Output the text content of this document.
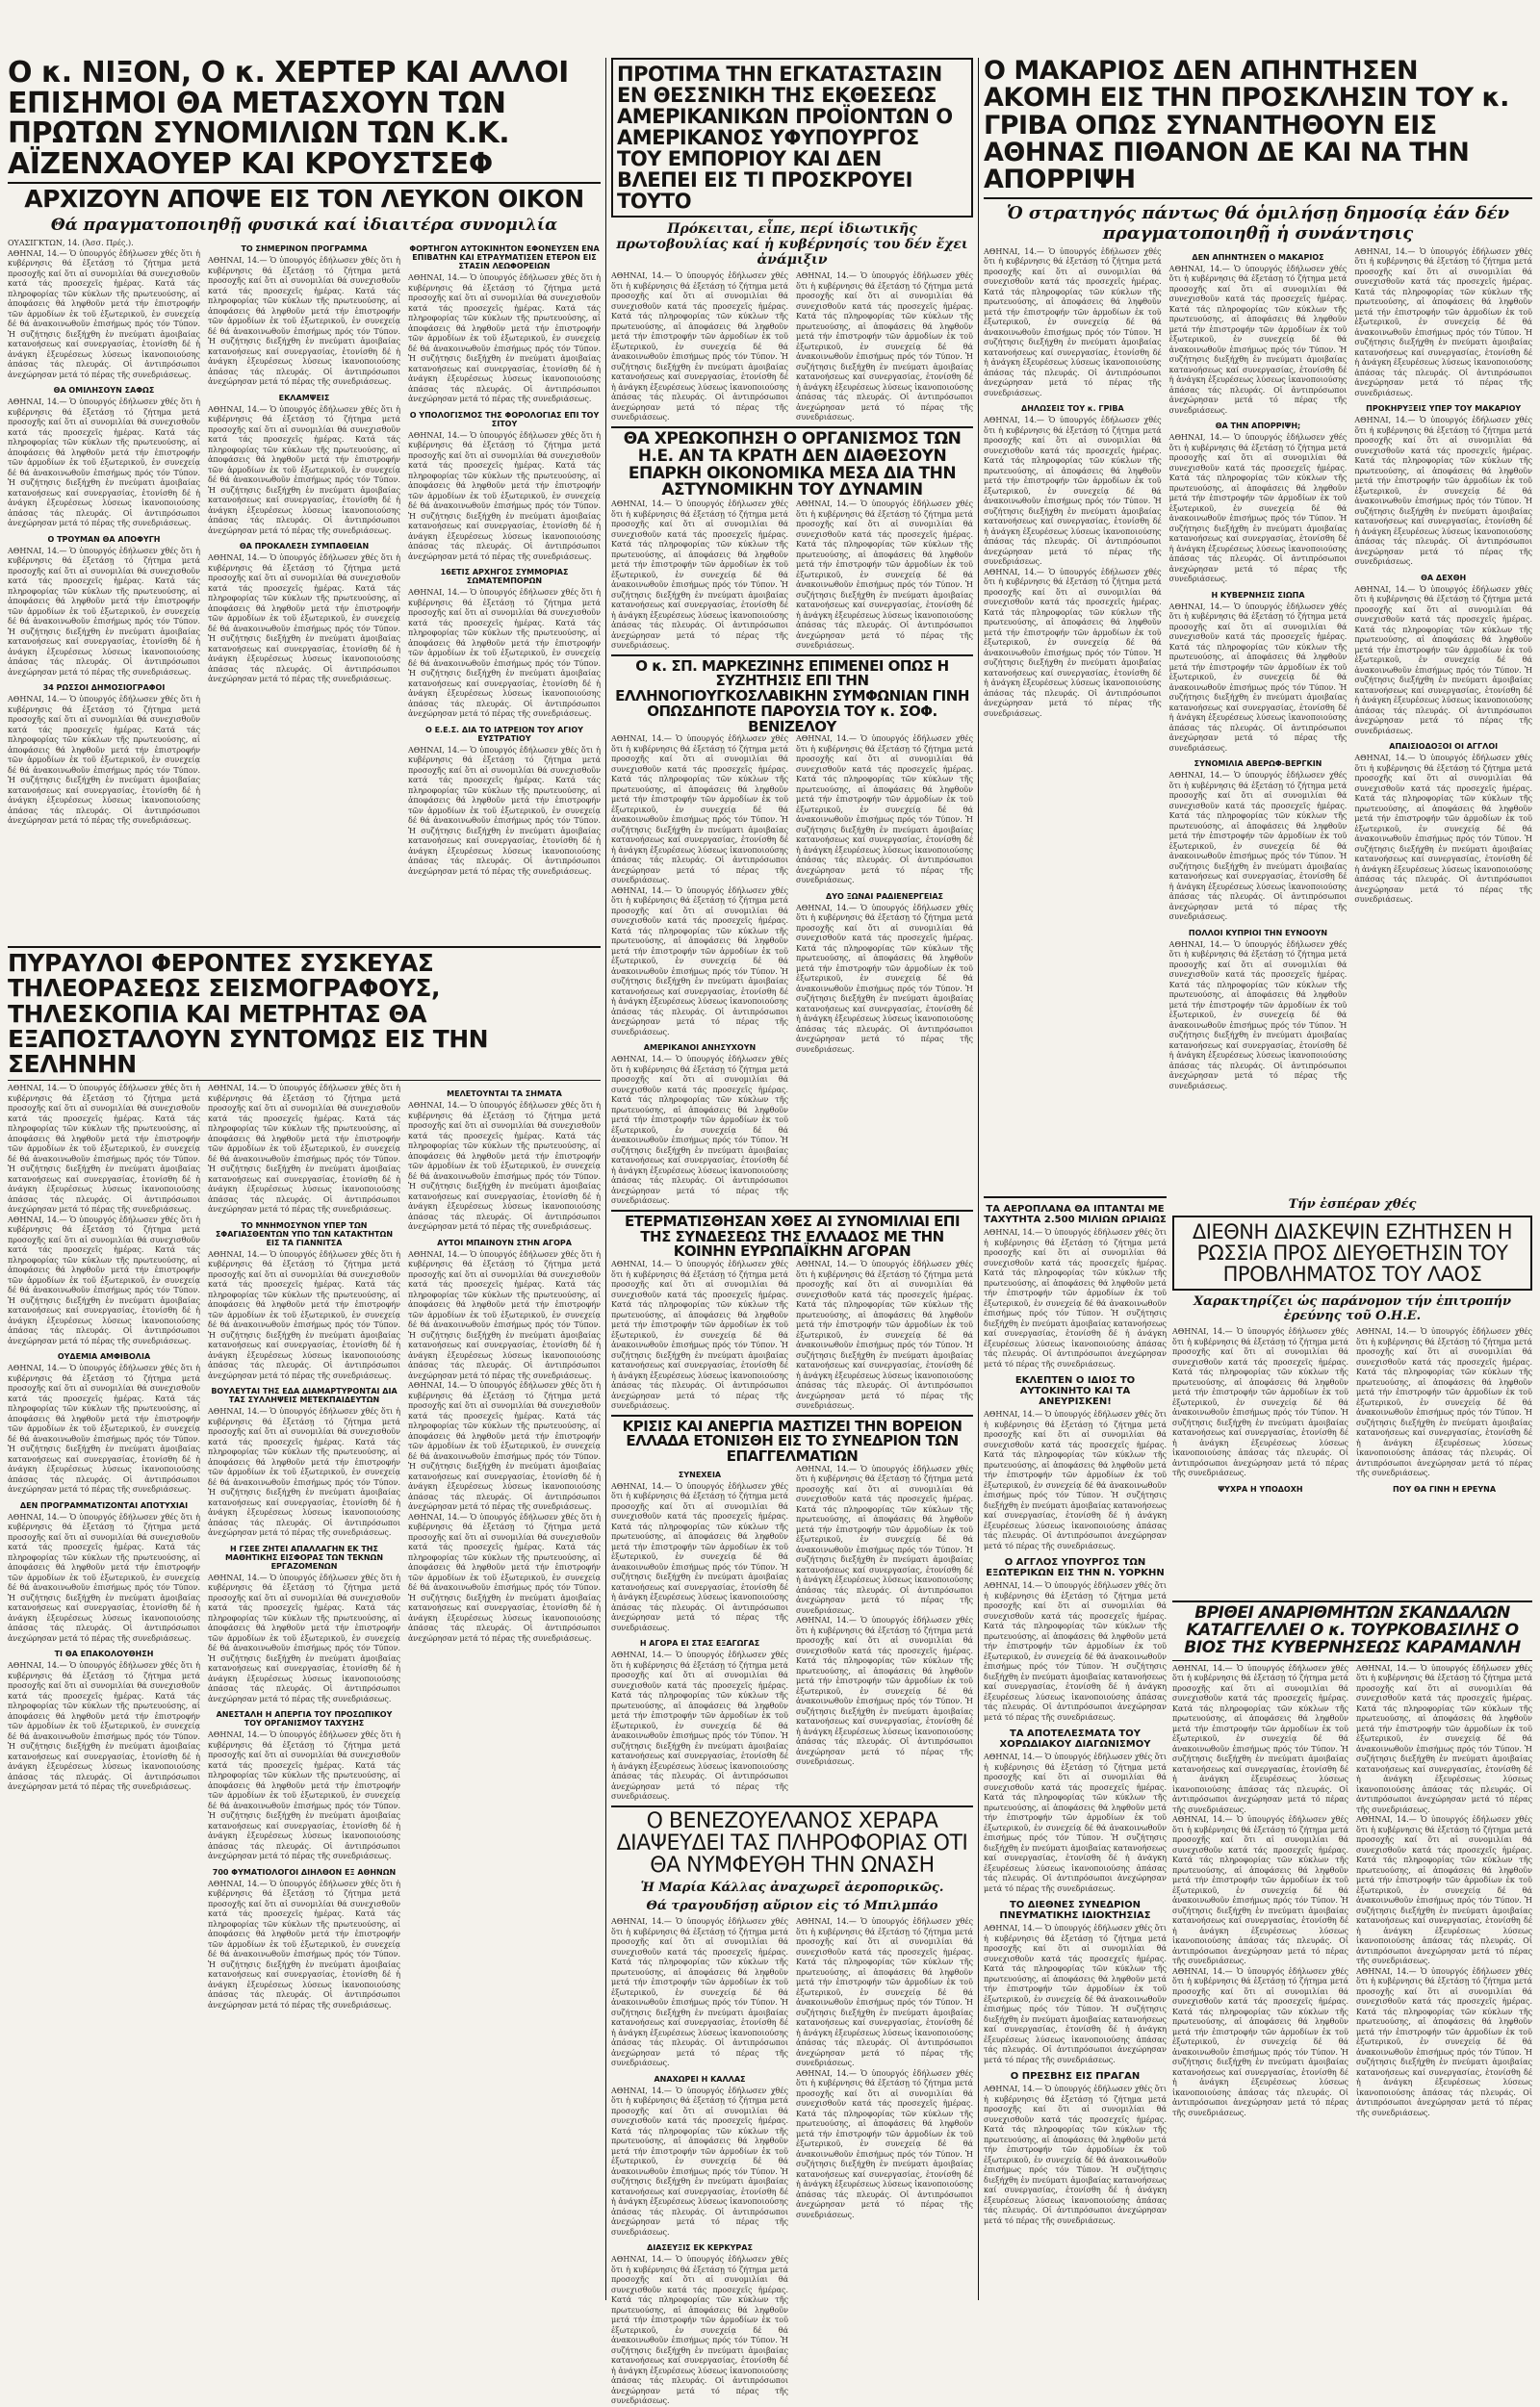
Ο κ. ΝΙΞΟΝ, Ο κ. ΧΕΡΤΕΡ ΚΑΙ ΑΛΛΟΙ ΕΠΙΣΗΜΟΙ ΘΑ ΜΕΤΑΣΧΟΥΝ ΤΩΝ ΠΡΩΤΩΝ ΣΥΝΟΜΙΛΙΩΝ ΤΩΝ Κ.Κ. ΑΪΖΕΝΧΑΟΥΕΡ ΚΑΙ ΚΡΟΥΣΤΣΕΦ
ΑΡΧΙΖΟΥΝ ΑΠΟΨΕ ΕΙΣ ΤΟΝ ΛΕΥΚΟΝ ΟΙΚΟΝ
Θά πραγματοποιηθῇ φυσικά καί ἰδιαιτέρα συνομιλία

ΟΥΑΣΙΓΚΤΩΝ, 14. (Ἀσσ. Πρές.).

ΑΘΗΝΑΙ, 14.— Ὁ ὑπουργός ἐδήλωσεν χθές ὅτι ἡ κυβέρνησις θά ἐξετάσῃ τό ζήτημα μετά προσοχῆς καί ὅτι αἱ συνομιλίαι θά συνεχισθοῦν κατά τάς προσεχεῖς ἡμέρας. Κατά τάς πληροφορίας τῶν κύκλων τῆς πρωτευούσης, αἱ ἀποφάσεις θά ληφθοῦν μετά τήν ἐπιστροφήν τῶν ἁρμοδίων ἐκ τοῦ ἐξωτερικοῦ, ἐν συνεχείᾳ δέ θά ἀνακοινωθοῦν ἐπισήμως πρός τόν Τύπον. Ἡ συζήτησις διεξήχθη ἐν πνεύματι ἀμοιβαίας κατανοήσεως καί συνεργασίας, ἐτονίσθη δέ ἡ ἀνάγκη ἐξευρέσεως λύσεως ἱκανοποιούσης ἁπάσας τάς πλευράς. Οἱ ἀντιπρόσωποι ἀνεχώρησαν μετά τό πέρας τῆς συνεδριάσεως.

ΘΑ ΟΜΙΛΗΣΟΥΝ ΣΑΦΩΣ

ΑΘΗΝΑΙ, 14.— Ὁ ὑπουργός ἐδήλωσεν χθές ὅτι ἡ κυβέρνησις θά ἐξετάσῃ τό ζήτημα μετά προσοχῆς καί ὅτι αἱ συνομιλίαι θά συνεχισθοῦν κατά τάς προσεχεῖς ἡμέρας. Κατά τάς πληροφορίας τῶν κύκλων τῆς πρωτευούσης, αἱ ἀποφάσεις θά ληφθοῦν μετά τήν ἐπιστροφήν τῶν ἁρμοδίων ἐκ τοῦ ἐξωτερικοῦ, ἐν συνεχείᾳ δέ θά ἀνακοινωθοῦν ἐπισήμως πρός τόν Τύπον. Ἡ συζήτησις διεξήχθη ἐν πνεύματι ἀμοιβαίας κατανοήσεως καί συνεργασίας, ἐτονίσθη δέ ἡ ἀνάγκη ἐξευρέσεως λύσεως ἱκανοποιούσης ἁπάσας τάς πλευράς. Οἱ ἀντιπρόσωποι ἀνεχώρησαν μετά τό πέρας τῆς συνεδριάσεως.

Ο ΤΡΟΥΜΑΝ ΘΑ ΑΠΟΦΥΓΗ

ΑΘΗΝΑΙ, 14.— Ὁ ὑπουργός ἐδήλωσεν χθές ὅτι ἡ κυβέρνησις θά ἐξετάσῃ τό ζήτημα μετά προσοχῆς καί ὅτι αἱ συνομιλίαι θά συνεχισθοῦν κατά τάς προσεχεῖς ἡμέρας. Κατά τάς πληροφορίας τῶν κύκλων τῆς πρωτευούσης, αἱ ἀποφάσεις θά ληφθοῦν μετά τήν ἐπιστροφήν τῶν ἁρμοδίων ἐκ τοῦ ἐξωτερικοῦ, ἐν συνεχείᾳ δέ θά ἀνακοινωθοῦν ἐπισήμως πρός τόν Τύπον. Ἡ συζήτησις διεξήχθη ἐν πνεύματι ἀμοιβαίας κατανοήσεως καί συνεργασίας, ἐτονίσθη δέ ἡ ἀνάγκη ἐξευρέσεως λύσεως ἱκανοποιούσης ἁπάσας τάς πλευράς. Οἱ ἀντιπρόσωποι ἀνεχώρησαν μετά τό πέρας τῆς συνεδριάσεως.

34 ΡΩΣΣΟΙ ΔΗΜΟΣΙΟΓΡΑΦΟΙ

ΑΘΗΝΑΙ, 14.— Ὁ ὑπουργός ἐδήλωσεν χθές ὅτι ἡ κυβέρνησις θά ἐξετάσῃ τό ζήτημα μετά προσοχῆς καί ὅτι αἱ συνομιλίαι θά συνεχισθοῦν κατά τάς προσεχεῖς ἡμέρας. Κατά τάς πληροφορίας τῶν κύκλων τῆς πρωτευούσης, αἱ ἀποφάσεις θά ληφθοῦν μετά τήν ἐπιστροφήν τῶν ἁρμοδίων ἐκ τοῦ ἐξωτερικοῦ, ἐν συνεχείᾳ δέ θά ἀνακοινωθοῦν ἐπισήμως πρός τόν Τύπον. Ἡ συζήτησις διεξήχθη ἐν πνεύματι ἀμοιβαίας κατανοήσεως καί συνεργασίας, ἐτονίσθη δέ ἡ ἀνάγκη ἐξευρέσεως λύσεως ἱκανοποιούσης ἁπάσας τάς πλευράς. Οἱ ἀντιπρόσωποι ἀνεχώρησαν μετά τό πέρας τῆς συνεδριάσεως.

ΤΟ ΣΗΜΕΡΙΝΟΝ ΠΡΟΓΡΑΜΜΑ

ΑΘΗΝΑΙ, 14.— Ὁ ὑπουργός ἐδήλωσεν χθές ὅτι ἡ κυβέρνησις θά ἐξετάσῃ τό ζήτημα μετά προσοχῆς καί ὅτι αἱ συνομιλίαι θά συνεχισθοῦν κατά τάς προσεχεῖς ἡμέρας. Κατά τάς πληροφορίας τῶν κύκλων τῆς πρωτευούσης, αἱ ἀποφάσεις θά ληφθοῦν μετά τήν ἐπιστροφήν τῶν ἁρμοδίων ἐκ τοῦ ἐξωτερικοῦ, ἐν συνεχείᾳ δέ θά ἀνακοινωθοῦν ἐπισήμως πρός τόν Τύπον. Ἡ συζήτησις διεξήχθη ἐν πνεύματι ἀμοιβαίας κατανοήσεως καί συνεργασίας, ἐτονίσθη δέ ἡ ἀνάγκη ἐξευρέσεως λύσεως ἱκανοποιούσης ἁπάσας τάς πλευράς. Οἱ ἀντιπρόσωποι ἀνεχώρησαν μετά τό πέρας τῆς συνεδριάσεως.

ΕΚΛΑΜΨΕΙΣ

ΑΘΗΝΑΙ, 14.— Ὁ ὑπουργός ἐδήλωσεν χθές ὅτι ἡ κυβέρνησις θά ἐξετάσῃ τό ζήτημα μετά προσοχῆς καί ὅτι αἱ συνομιλίαι θά συνεχισθοῦν κατά τάς προσεχεῖς ἡμέρας. Κατά τάς πληροφορίας τῶν κύκλων τῆς πρωτευούσης, αἱ ἀποφάσεις θά ληφθοῦν μετά τήν ἐπιστροφήν τῶν ἁρμοδίων ἐκ τοῦ ἐξωτερικοῦ, ἐν συνεχείᾳ δέ θά ἀνακοινωθοῦν ἐπισήμως πρός τόν Τύπον. Ἡ συζήτησις διεξήχθη ἐν πνεύματι ἀμοιβαίας κατανοήσεως καί συνεργασίας, ἐτονίσθη δέ ἡ ἀνάγκη ἐξευρέσεως λύσεως ἱκανοποιούσης ἁπάσας τάς πλευράς. Οἱ ἀντιπρόσωποι ἀνεχώρησαν μετά τό πέρας τῆς συνεδριάσεως.

ΘΑ ΠΡΟΚΑΛΕΣΗ ΣΥΜΠΑΘΕΙΑΝ

ΑΘΗΝΑΙ, 14.— Ὁ ὑπουργός ἐδήλωσεν χθές ὅτι ἡ κυβέρνησις θά ἐξετάσῃ τό ζήτημα μετά προσοχῆς καί ὅτι αἱ συνομιλίαι θά συνεχισθοῦν κατά τάς προσεχεῖς ἡμέρας. Κατά τάς πληροφορίας τῶν κύκλων τῆς πρωτευούσης, αἱ ἀποφάσεις θά ληφθοῦν μετά τήν ἐπιστροφήν τῶν ἁρμοδίων ἐκ τοῦ ἐξωτερικοῦ, ἐν συνεχείᾳ δέ θά ἀνακοινωθοῦν ἐπισήμως πρός τόν Τύπον. Ἡ συζήτησις διεξήχθη ἐν πνεύματι ἀμοιβαίας κατανοήσεως καί συνεργασίας, ἐτονίσθη δέ ἡ ἀνάγκη ἐξευρέσεως λύσεως ἱκανοποιούσης ἁπάσας τάς πλευράς. Οἱ ἀντιπρόσωποι ἀνεχώρησαν μετά τό πέρας τῆς συνεδριάσεως.

ΦΟΡΤΗΓΟΝ ΑΥΤΟΚΙΝΗΤΟΝ ΕΦΟΝΕΥΣΕΝ ΕΝΑ ΕΠΙΒΑΤΗΝ ΚΑΙ ΕΤΡΑΥΜΑΤΙΣΕΝ ΕΤΕΡΟΝ ΕΙΣ ΣΤΑΣΙΝ ΛΕΩΦΟΡΕΙΩΝ

ΑΘΗΝΑΙ, 14.— Ὁ ὑπουργός ἐδήλωσεν χθές ὅτι ἡ κυβέρνησις θά ἐξετάσῃ τό ζήτημα μετά προσοχῆς καί ὅτι αἱ συνομιλίαι θά συνεχισθοῦν κατά τάς προσεχεῖς ἡμέρας. Κατά τάς πληροφορίας τῶν κύκλων τῆς πρωτευούσης, αἱ ἀποφάσεις θά ληφθοῦν μετά τήν ἐπιστροφήν τῶν ἁρμοδίων ἐκ τοῦ ἐξωτερικοῦ, ἐν συνεχείᾳ δέ θά ἀνακοινωθοῦν ἐπισήμως πρός τόν Τύπον. Ἡ συζήτησις διεξήχθη ἐν πνεύματι ἀμοιβαίας κατανοήσεως καί συνεργασίας, ἐτονίσθη δέ ἡ ἀνάγκη ἐξευρέσεως λύσεως ἱκανοποιούσης ἁπάσας τάς πλευράς. Οἱ ἀντιπρόσωποι ἀνεχώρησαν μετά τό πέρας τῆς συνεδριάσεως.

Ο ΥΠΟΛΟΓΙΣΜΟΣ ΤΗΣ ΦΟΡΟΛΟΓΙΑΣ ΕΠΙ ΤΟΥ ΣΙΤΟΥ

ΑΘΗΝΑΙ, 14.— Ὁ ὑπουργός ἐδήλωσεν χθές ὅτι ἡ κυβέρνησις θά ἐξετάσῃ τό ζήτημα μετά προσοχῆς καί ὅτι αἱ συνομιλίαι θά συνεχισθοῦν κατά τάς προσεχεῖς ἡμέρας. Κατά τάς πληροφορίας τῶν κύκλων τῆς πρωτευούσης, αἱ ἀποφάσεις θά ληφθοῦν μετά τήν ἐπιστροφήν τῶν ἁρμοδίων ἐκ τοῦ ἐξωτερικοῦ, ἐν συνεχείᾳ δέ θά ἀνακοινωθοῦν ἐπισήμως πρός τόν Τύπον. Ἡ συζήτησις διεξήχθη ἐν πνεύματι ἀμοιβαίας κατανοήσεως καί συνεργασίας, ἐτονίσθη δέ ἡ ἀνάγκη ἐξευρέσεως λύσεως ἱκανοποιούσης ἁπάσας τάς πλευράς. Οἱ ἀντιπρόσωποι ἀνεχώρησαν μετά τό πέρας τῆς συνεδριάσεως.

16ΕΤΙΣ ΑΡΧΗΓΟΣ ΣΥΜΜΟΡΙΑΣ ΣΩΜΑΤΕΜΠΟΡΩΝ

ΑΘΗΝΑΙ, 14.— Ὁ ὑπουργός ἐδήλωσεν χθές ὅτι ἡ κυβέρνησις θά ἐξετάσῃ τό ζήτημα μετά προσοχῆς καί ὅτι αἱ συνομιλίαι θά συνεχισθοῦν κατά τάς προσεχεῖς ἡμέρας. Κατά τάς πληροφορίας τῶν κύκλων τῆς πρωτευούσης, αἱ ἀποφάσεις θά ληφθοῦν μετά τήν ἐπιστροφήν τῶν ἁρμοδίων ἐκ τοῦ ἐξωτερικοῦ, ἐν συνεχείᾳ δέ θά ἀνακοινωθοῦν ἐπισήμως πρός τόν Τύπον. Ἡ συζήτησις διεξήχθη ἐν πνεύματι ἀμοιβαίας κατανοήσεως καί συνεργασίας, ἐτονίσθη δέ ἡ ἀνάγκη ἐξευρέσεως λύσεως ἱκανοποιούσης ἁπάσας τάς πλευράς. Οἱ ἀντιπρόσωποι ἀνεχώρησαν μετά τό πέρας τῆς συνεδριάσεως.

Ο Ε.Ε.Σ. ΔΙΑ ΤΟ ΙΑΤΡΕΙΟΝ ΤΟΥ ΑΓΙΟΥ ΕΥΣΤΡΑΤΙΟΥ

ΑΘΗΝΑΙ, 14.— Ὁ ὑπουργός ἐδήλωσεν χθές ὅτι ἡ κυβέρνησις θά ἐξετάσῃ τό ζήτημα μετά προσοχῆς καί ὅτι αἱ συνομιλίαι θά συνεχισθοῦν κατά τάς προσεχεῖς ἡμέρας. Κατά τάς πληροφορίας τῶν κύκλων τῆς πρωτευούσης, αἱ ἀποφάσεις θά ληφθοῦν μετά τήν ἐπιστροφήν τῶν ἁρμοδίων ἐκ τοῦ ἐξωτερικοῦ, ἐν συνεχείᾳ δέ θά ἀνακοινωθοῦν ἐπισήμως πρός τόν Τύπον. Ἡ συζήτησις διεξήχθη ἐν πνεύματι ἀμοιβαίας κατανοήσεως καί συνεργασίας, ἐτονίσθη δέ ἡ ἀνάγκη ἐξευρέσεως λύσεως ἱκανοποιούσης ἁπάσας τάς πλευράς. Οἱ ἀντιπρόσωποι ἀνεχώρησαν μετά τό πέρας τῆς συνεδριάσεως.

ΠΥΡΑΥΛΟΙ ΦΕΡΟΝΤΕΣ ΣΥΣΚΕΥΑΣ ΤΗΛΕΟΡΑΣΕΩΣ ΣΕΙΣΜΟΓΡΑΦΟΥΣ, ΤΗΛΕΣΚΟΠΙΑ ΚΑΙ ΜΕΤΡΗΤΑΣ ΘΑ ΕΞΑΠΟΣΤΑΛΟΥΝ ΣΥΝΤΟΜΩΣ ΕΙΣ ΤΗΝ ΣΕΛΗΝΗΝ

ΑΘΗΝΑΙ, 14.— Ὁ ὑπουργός ἐδήλωσεν χθές ὅτι ἡ κυβέρνησις θά ἐξετάσῃ τό ζήτημα μετά προσοχῆς καί ὅτι αἱ συνομιλίαι θά συνεχισθοῦν κατά τάς προσεχεῖς ἡμέρας. Κατά τάς πληροφορίας τῶν κύκλων τῆς πρωτευούσης, αἱ ἀποφάσεις θά ληφθοῦν μετά τήν ἐπιστροφήν τῶν ἁρμοδίων ἐκ τοῦ ἐξωτερικοῦ, ἐν συνεχείᾳ δέ θά ἀνακοινωθοῦν ἐπισήμως πρός τόν Τύπον. Ἡ συζήτησις διεξήχθη ἐν πνεύματι ἀμοιβαίας κατανοήσεως καί συνεργασίας, ἐτονίσθη δέ ἡ ἀνάγκη ἐξευρέσεως λύσεως ἱκανοποιούσης ἁπάσας τάς πλευράς. Οἱ ἀντιπρόσωποι ἀνεχώρησαν μετά τό πέρας τῆς συνεδριάσεως.

ΑΘΗΝΑΙ, 14.— Ὁ ὑπουργός ἐδήλωσεν χθές ὅτι ἡ κυβέρνησις θά ἐξετάσῃ τό ζήτημα μετά προσοχῆς καί ὅτι αἱ συνομιλίαι θά συνεχισθοῦν κατά τάς προσεχεῖς ἡμέρας. Κατά τάς πληροφορίας τῶν κύκλων τῆς πρωτευούσης, αἱ ἀποφάσεις θά ληφθοῦν μετά τήν ἐπιστροφήν τῶν ἁρμοδίων ἐκ τοῦ ἐξωτερικοῦ, ἐν συνεχείᾳ δέ θά ἀνακοινωθοῦν ἐπισήμως πρός τόν Τύπον. Ἡ συζήτησις διεξήχθη ἐν πνεύματι ἀμοιβαίας κατανοήσεως καί συνεργασίας, ἐτονίσθη δέ ἡ ἀνάγκη ἐξευρέσεως λύσεως ἱκανοποιούσης ἁπάσας τάς πλευράς. Οἱ ἀντιπρόσωποι ἀνεχώρησαν μετά τό πέρας τῆς συνεδριάσεως.

ΟΥΔΕΜΙΑ ΑΜΦΙΒΟΛΙΑ

ΑΘΗΝΑΙ, 14.— Ὁ ὑπουργός ἐδήλωσεν χθές ὅτι ἡ κυβέρνησις θά ἐξετάσῃ τό ζήτημα μετά προσοχῆς καί ὅτι αἱ συνομιλίαι θά συνεχισθοῦν κατά τάς προσεχεῖς ἡμέρας. Κατά τάς πληροφορίας τῶν κύκλων τῆς πρωτευούσης, αἱ ἀποφάσεις θά ληφθοῦν μετά τήν ἐπιστροφήν τῶν ἁρμοδίων ἐκ τοῦ ἐξωτερικοῦ, ἐν συνεχείᾳ δέ θά ἀνακοινωθοῦν ἐπισήμως πρός τόν Τύπον. Ἡ συζήτησις διεξήχθη ἐν πνεύματι ἀμοιβαίας κατανοήσεως καί συνεργασίας, ἐτονίσθη δέ ἡ ἀνάγκη ἐξευρέσεως λύσεως ἱκανοποιούσης ἁπάσας τάς πλευράς. Οἱ ἀντιπρόσωποι ἀνεχώρησαν μετά τό πέρας τῆς συνεδριάσεως.

ΔΕΝ ΠΡΟΓΡΑΜΜΑΤΙΖΟΝΤΑΙ ΑΠΟΤΥΧΙΑΙ

ΑΘΗΝΑΙ, 14.— Ὁ ὑπουργός ἐδήλωσεν χθές ὅτι ἡ κυβέρνησις θά ἐξετάσῃ τό ζήτημα μετά προσοχῆς καί ὅτι αἱ συνομιλίαι θά συνεχισθοῦν κατά τάς προσεχεῖς ἡμέρας. Κατά τάς πληροφορίας τῶν κύκλων τῆς πρωτευούσης, αἱ ἀποφάσεις θά ληφθοῦν μετά τήν ἐπιστροφήν τῶν ἁρμοδίων ἐκ τοῦ ἐξωτερικοῦ, ἐν συνεχείᾳ δέ θά ἀνακοινωθοῦν ἐπισήμως πρός τόν Τύπον. Ἡ συζήτησις διεξήχθη ἐν πνεύματι ἀμοιβαίας κατανοήσεως καί συνεργασίας, ἐτονίσθη δέ ἡ ἀνάγκη ἐξευρέσεως λύσεως ἱκανοποιούσης ἁπάσας τάς πλευράς. Οἱ ἀντιπρόσωποι ἀνεχώρησαν μετά τό πέρας τῆς συνεδριάσεως.

ΤΙ ΘΑ ΕΠΑΚΟΛΟΥΘΗΣΗ

ΑΘΗΝΑΙ, 14.— Ὁ ὑπουργός ἐδήλωσεν χθές ὅτι ἡ κυβέρνησις θά ἐξετάσῃ τό ζήτημα μετά προσοχῆς καί ὅτι αἱ συνομιλίαι θά συνεχισθοῦν κατά τάς προσεχεῖς ἡμέρας. Κατά τάς πληροφορίας τῶν κύκλων τῆς πρωτευούσης, αἱ ἀποφάσεις θά ληφθοῦν μετά τήν ἐπιστροφήν τῶν ἁρμοδίων ἐκ τοῦ ἐξωτερικοῦ, ἐν συνεχείᾳ δέ θά ἀνακοινωθοῦν ἐπισήμως πρός τόν Τύπον. Ἡ συζήτησις διεξήχθη ἐν πνεύματι ἀμοιβαίας κατανοήσεως καί συνεργασίας, ἐτονίσθη δέ ἡ ἀνάγκη ἐξευρέσεως λύσεως ἱκανοποιούσης ἁπάσας τάς πλευράς. Οἱ ἀντιπρόσωποι ἀνεχώρησαν μετά τό πέρας τῆς συνεδριάσεως.

ΑΘΗΝΑΙ, 14.— Ὁ ὑπουργός ἐδήλωσεν χθές ὅτι ἡ κυβέρνησις θά ἐξετάσῃ τό ζήτημα μετά προσοχῆς καί ὅτι αἱ συνομιλίαι θά συνεχισθοῦν κατά τάς προσεχεῖς ἡμέρας. Κατά τάς πληροφορίας τῶν κύκλων τῆς πρωτευούσης, αἱ ἀποφάσεις θά ληφθοῦν μετά τήν ἐπιστροφήν τῶν ἁρμοδίων ἐκ τοῦ ἐξωτερικοῦ, ἐν συνεχείᾳ δέ θά ἀνακοινωθοῦν ἐπισήμως πρός τόν Τύπον. Ἡ συζήτησις διεξήχθη ἐν πνεύματι ἀμοιβαίας κατανοήσεως καί συνεργασίας, ἐτονίσθη δέ ἡ ἀνάγκη ἐξευρέσεως λύσεως ἱκανοποιούσης ἁπάσας τάς πλευράς. Οἱ ἀντιπρόσωποι ἀνεχώρησαν μετά τό πέρας τῆς συνεδριάσεως.

ΤΟ ΜΝΗΜΟΣΥΝΟΝ ΥΠΕΡ ΤΩΝ ΣΦΑΓΙΑΣΘΕΝΤΩΝ ΥΠΟ ΤΩΝ ΚΑΤΑΚΤΗΤΩΝ ΕΙΣ ΤΑ ΓΙΑΝΝΙΤΣΑ

ΑΘΗΝΑΙ, 14.— Ὁ ὑπουργός ἐδήλωσεν χθές ὅτι ἡ κυβέρνησις θά ἐξετάσῃ τό ζήτημα μετά προσοχῆς καί ὅτι αἱ συνομιλίαι θά συνεχισθοῦν κατά τάς προσεχεῖς ἡμέρας. Κατά τάς πληροφορίας τῶν κύκλων τῆς πρωτευούσης, αἱ ἀποφάσεις θά ληφθοῦν μετά τήν ἐπιστροφήν τῶν ἁρμοδίων ἐκ τοῦ ἐξωτερικοῦ, ἐν συνεχείᾳ δέ θά ἀνακοινωθοῦν ἐπισήμως πρός τόν Τύπον. Ἡ συζήτησις διεξήχθη ἐν πνεύματι ἀμοιβαίας κατανοήσεως καί συνεργασίας, ἐτονίσθη δέ ἡ ἀνάγκη ἐξευρέσεως λύσεως ἱκανοποιούσης ἁπάσας τάς πλευράς. Οἱ ἀντιπρόσωποι ἀνεχώρησαν μετά τό πέρας τῆς συνεδριάσεως.

ΒΟΥΛΕΥΤΑΙ ΤΗΣ ΕΔΑ ΔΙΑΜΑΡΤΥΡΟΝΤΑΙ ΔΙΑ ΤΑΣ ΣΥΛΛΗΨΕΙΣ ΜΕΤΕΚΠΑΙΔΕΥΤΩΝ

ΑΘΗΝΑΙ, 14.— Ὁ ὑπουργός ἐδήλωσεν χθές ὅτι ἡ κυβέρνησις θά ἐξετάσῃ τό ζήτημα μετά προσοχῆς καί ὅτι αἱ συνομιλίαι θά συνεχισθοῦν κατά τάς προσεχεῖς ἡμέρας. Κατά τάς πληροφορίας τῶν κύκλων τῆς πρωτευούσης, αἱ ἀποφάσεις θά ληφθοῦν μετά τήν ἐπιστροφήν τῶν ἁρμοδίων ἐκ τοῦ ἐξωτερικοῦ, ἐν συνεχείᾳ δέ θά ἀνακοινωθοῦν ἐπισήμως πρός τόν Τύπον. Ἡ συζήτησις διεξήχθη ἐν πνεύματι ἀμοιβαίας κατανοήσεως καί συνεργασίας, ἐτονίσθη δέ ἡ ἀνάγκη ἐξευρέσεως λύσεως ἱκανοποιούσης ἁπάσας τάς πλευράς. Οἱ ἀντιπρόσωποι ἀνεχώρησαν μετά τό πέρας τῆς συνεδριάσεως.

Η ΓΣΕΕ ΖΗΤΕΙ ΑΠΑΛΛΑΓΗΝ ΕΚ ΤΗΣ ΜΑΘΗΤΙΚΗΣ ΕΙΣΦΟΡΑΣ ΤΩΝ ΤΕΚΝΩΝ ΕΡΓΑΖΟΜΕΝΩΝ

ΑΘΗΝΑΙ, 14.— Ὁ ὑπουργός ἐδήλωσεν χθές ὅτι ἡ κυβέρνησις θά ἐξετάσῃ τό ζήτημα μετά προσοχῆς καί ὅτι αἱ συνομιλίαι θά συνεχισθοῦν κατά τάς προσεχεῖς ἡμέρας. Κατά τάς πληροφορίας τῶν κύκλων τῆς πρωτευούσης, αἱ ἀποφάσεις θά ληφθοῦν μετά τήν ἐπιστροφήν τῶν ἁρμοδίων ἐκ τοῦ ἐξωτερικοῦ, ἐν συνεχείᾳ δέ θά ἀνακοινωθοῦν ἐπισήμως πρός τόν Τύπον. Ἡ συζήτησις διεξήχθη ἐν πνεύματι ἀμοιβαίας κατανοήσεως καί συνεργασίας, ἐτονίσθη δέ ἡ ἀνάγκη ἐξευρέσεως λύσεως ἱκανοποιούσης ἁπάσας τάς πλευράς. Οἱ ἀντιπρόσωποι ἀνεχώρησαν μετά τό πέρας τῆς συνεδριάσεως.

ΑΝΕΣΤΑΛΗ Η ΑΠΕΡΓΙΑ ΤΟΥ ΠΡΟΣΩΠΙΚΟΥ ΤΟΥ ΟΡΓΑΝΙΣΜΟΥ ΤΑΧΥΣΗΣ

ΑΘΗΝΑΙ, 14.— Ὁ ὑπουργός ἐδήλωσεν χθές ὅτι ἡ κυβέρνησις θά ἐξετάσῃ τό ζήτημα μετά προσοχῆς καί ὅτι αἱ συνομιλίαι θά συνεχισθοῦν κατά τάς προσεχεῖς ἡμέρας. Κατά τάς πληροφορίας τῶν κύκλων τῆς πρωτευούσης, αἱ ἀποφάσεις θά ληφθοῦν μετά τήν ἐπιστροφήν τῶν ἁρμοδίων ἐκ τοῦ ἐξωτερικοῦ, ἐν συνεχείᾳ δέ θά ἀνακοινωθοῦν ἐπισήμως πρός τόν Τύπον. Ἡ συζήτησις διεξήχθη ἐν πνεύματι ἀμοιβαίας κατανοήσεως καί συνεργασίας, ἐτονίσθη δέ ἡ ἀνάγκη ἐξευρέσεως λύσεως ἱκανοποιούσης ἁπάσας τάς πλευράς. Οἱ ἀντιπρόσωποι ἀνεχώρησαν μετά τό πέρας τῆς συνεδριάσεως.

700 ΦΥΜΑΤΙΟΛΟΓΟΙ ΔΙΗΛΘΟΝ ΕΞ ΑΘΗΝΩΝ

ΑΘΗΝΑΙ, 14.— Ὁ ὑπουργός ἐδήλωσεν χθές ὅτι ἡ κυβέρνησις θά ἐξετάσῃ τό ζήτημα μετά προσοχῆς καί ὅτι αἱ συνομιλίαι θά συνεχισθοῦν κατά τάς προσεχεῖς ἡμέρας. Κατά τάς πληροφορίας τῶν κύκλων τῆς πρωτευούσης, αἱ ἀποφάσεις θά ληφθοῦν μετά τήν ἐπιστροφήν τῶν ἁρμοδίων ἐκ τοῦ ἐξωτερικοῦ, ἐν συνεχείᾳ δέ θά ἀνακοινωθοῦν ἐπισήμως πρός τόν Τύπον. Ἡ συζήτησις διεξήχθη ἐν πνεύματι ἀμοιβαίας κατανοήσεως καί συνεργασίας, ἐτονίσθη δέ ἡ ἀνάγκη ἐξευρέσεως λύσεως ἱκανοποιούσης ἁπάσας τάς πλευράς. Οἱ ἀντιπρόσωποι ἀνεχώρησαν μετά τό πέρας τῆς συνεδριάσεως.

ΜΕΛΕΤΟΥΝΤΑΙ ΤΑ ΣΗΜΑΤΑ

ΑΘΗΝΑΙ, 14.— Ὁ ὑπουργός ἐδήλωσεν χθές ὅτι ἡ κυβέρνησις θά ἐξετάσῃ τό ζήτημα μετά προσοχῆς καί ὅτι αἱ συνομιλίαι θά συνεχισθοῦν κατά τάς προσεχεῖς ἡμέρας. Κατά τάς πληροφορίας τῶν κύκλων τῆς πρωτευούσης, αἱ ἀποφάσεις θά ληφθοῦν μετά τήν ἐπιστροφήν τῶν ἁρμοδίων ἐκ τοῦ ἐξωτερικοῦ, ἐν συνεχείᾳ δέ θά ἀνακοινωθοῦν ἐπισήμως πρός τόν Τύπον. Ἡ συζήτησις διεξήχθη ἐν πνεύματι ἀμοιβαίας κατανοήσεως καί συνεργασίας, ἐτονίσθη δέ ἡ ἀνάγκη ἐξευρέσεως λύσεως ἱκανοποιούσης ἁπάσας τάς πλευράς. Οἱ ἀντιπρόσωποι ἀνεχώρησαν μετά τό πέρας τῆς συνεδριάσεως.

ΑΥΤΟΙ ΜΠΑΙΝΟΥΝ ΣΤΗΝ ΑΓΟΡΑ

ΑΘΗΝΑΙ, 14.— Ὁ ὑπουργός ἐδήλωσεν χθές ὅτι ἡ κυβέρνησις θά ἐξετάσῃ τό ζήτημα μετά προσοχῆς καί ὅτι αἱ συνομιλίαι θά συνεχισθοῦν κατά τάς προσεχεῖς ἡμέρας. Κατά τάς πληροφορίας τῶν κύκλων τῆς πρωτευούσης, αἱ ἀποφάσεις θά ληφθοῦν μετά τήν ἐπιστροφήν τῶν ἁρμοδίων ἐκ τοῦ ἐξωτερικοῦ, ἐν συνεχείᾳ δέ θά ἀνακοινωθοῦν ἐπισήμως πρός τόν Τύπον. Ἡ συζήτησις διεξήχθη ἐν πνεύματι ἀμοιβαίας κατανοήσεως καί συνεργασίας, ἐτονίσθη δέ ἡ ἀνάγκη ἐξευρέσεως λύσεως ἱκανοποιούσης ἁπάσας τάς πλευράς. Οἱ ἀντιπρόσωποι ἀνεχώρησαν μετά τό πέρας τῆς συνεδριάσεως.

ΑΘΗΝΑΙ, 14.— Ὁ ὑπουργός ἐδήλωσεν χθές ὅτι ἡ κυβέρνησις θά ἐξετάσῃ τό ζήτημα μετά προσοχῆς καί ὅτι αἱ συνομιλίαι θά συνεχισθοῦν κατά τάς προσεχεῖς ἡμέρας. Κατά τάς πληροφορίας τῶν κύκλων τῆς πρωτευούσης, αἱ ἀποφάσεις θά ληφθοῦν μετά τήν ἐπιστροφήν τῶν ἁρμοδίων ἐκ τοῦ ἐξωτερικοῦ, ἐν συνεχείᾳ δέ θά ἀνακοινωθοῦν ἐπισήμως πρός τόν Τύπον. Ἡ συζήτησις διεξήχθη ἐν πνεύματι ἀμοιβαίας κατανοήσεως καί συνεργασίας, ἐτονίσθη δέ ἡ ἀνάγκη ἐξευρέσεως λύσεως ἱκανοποιούσης ἁπάσας τάς πλευράς. Οἱ ἀντιπρόσωποι ἀνεχώρησαν μετά τό πέρας τῆς συνεδριάσεως.

ΑΘΗΝΑΙ, 14.— Ὁ ὑπουργός ἐδήλωσεν χθές ὅτι ἡ κυβέρνησις θά ἐξετάσῃ τό ζήτημα μετά προσοχῆς καί ὅτι αἱ συνομιλίαι θά συνεχισθοῦν κατά τάς προσεχεῖς ἡμέρας. Κατά τάς πληροφορίας τῶν κύκλων τῆς πρωτευούσης, αἱ ἀποφάσεις θά ληφθοῦν μετά τήν ἐπιστροφήν τῶν ἁρμοδίων ἐκ τοῦ ἐξωτερικοῦ, ἐν συνεχείᾳ δέ θά ἀνακοινωθοῦν ἐπισήμως πρός τόν Τύπον. Ἡ συζήτησις διεξήχθη ἐν πνεύματι ἀμοιβαίας κατανοήσεως καί συνεργασίας, ἐτονίσθη δέ ἡ ἀνάγκη ἐξευρέσεως λύσεως ἱκανοποιούσης ἁπάσας τάς πλευράς. Οἱ ἀντιπρόσωποι ἀνεχώρησαν μετά τό πέρας τῆς συνεδριάσεως.

ΠΡΟΤΙΜΑ ΤΗΝ ΕΓΚΑΤΑΣΤΑΣΙΝ ΕΝ ΘΕΣΣΝΙΚΗ ΤΗΣ ΕΚΘΕΣΕΩΣ ΑΜΕΡΙΚΑΝΙΚΩΝ ΠΡΟΪΟΝΤΩΝ Ο ΑΜΕΡΙΚΑΝΟΣ ΥΦΥΠΟΥΡΓΟΣ ΤΟΥ ΕΜΠΟΡΙΟΥ ΚΑΙ ΔΕΝ ΒΛΕΠΕΙ ΕΙΣ ΤΙ ΠΡΟΣΚΡΟΥΕΙ ΤΟΥΤΟ
Πρόκειται, εἶπε, περί ἰδιωτικῆς πρωτοβουλίας καί ἡ κυβέρνησίς του δέν ἔχει ἀνάμιξιν

ΑΘΗΝΑΙ, 14.— Ὁ ὑπουργός ἐδήλωσεν χθές ὅτι ἡ κυβέρνησις θά ἐξετάσῃ τό ζήτημα μετά προσοχῆς καί ὅτι αἱ συνομιλίαι θά συνεχισθοῦν κατά τάς προσεχεῖς ἡμέρας. Κατά τάς πληροφορίας τῶν κύκλων τῆς πρωτευούσης, αἱ ἀποφάσεις θά ληφθοῦν μετά τήν ἐπιστροφήν τῶν ἁρμοδίων ἐκ τοῦ ἐξωτερικοῦ, ἐν συνεχείᾳ δέ θά ἀνακοινωθοῦν ἐπισήμως πρός τόν Τύπον. Ἡ συζήτησις διεξήχθη ἐν πνεύματι ἀμοιβαίας κατανοήσεως καί συνεργασίας, ἐτονίσθη δέ ἡ ἀνάγκη ἐξευρέσεως λύσεως ἱκανοποιούσης ἁπάσας τάς πλευράς. Οἱ ἀντιπρόσωποι ἀνεχώρησαν μετά τό πέρας τῆς συνεδριάσεως.

ΑΘΗΝΑΙ, 14.— Ὁ ὑπουργός ἐδήλωσεν χθές ὅτι ἡ κυβέρνησις θά ἐξετάσῃ τό ζήτημα μετά προσοχῆς καί ὅτι αἱ συνομιλίαι θά συνεχισθοῦν κατά τάς προσεχεῖς ἡμέρας. Κατά τάς πληροφορίας τῶν κύκλων τῆς πρωτευούσης, αἱ ἀποφάσεις θά ληφθοῦν μετά τήν ἐπιστροφήν τῶν ἁρμοδίων ἐκ τοῦ ἐξωτερικοῦ, ἐν συνεχείᾳ δέ θά ἀνακοινωθοῦν ἐπισήμως πρός τόν Τύπον. Ἡ συζήτησις διεξήχθη ἐν πνεύματι ἀμοιβαίας κατανοήσεως καί συνεργασίας, ἐτονίσθη δέ ἡ ἀνάγκη ἐξευρέσεως λύσεως ἱκανοποιούσης ἁπάσας τάς πλευράς. Οἱ ἀντιπρόσωποι ἀνεχώρησαν μετά τό πέρας τῆς συνεδριάσεως.

ΘΑ ΧΡΕΩΚΟΠΗΣΗ Ο ΟΡΓΑΝΙΣΜΟΣ ΤΩΝ Η.Ε. ΑΝ ΤΑ ΚΡΑΤΗ ΔΕΝ ΔΙΑΘΕΣΟΥΝ ΕΠΑΡΚΗ ΟΙΚΟΝΟΜΙΚΑ ΜΕΣΑ ΔΙΑ ΤΗΝ ΑΣΤΥΝΟΜΙΚΗΝ ΤΟΥ ΔΥΝΑΜΙΝ

ΑΘΗΝΑΙ, 14.— Ὁ ὑπουργός ἐδήλωσεν χθές ὅτι ἡ κυβέρνησις θά ἐξετάσῃ τό ζήτημα μετά προσοχῆς καί ὅτι αἱ συνομιλίαι θά συνεχισθοῦν κατά τάς προσεχεῖς ἡμέρας. Κατά τάς πληροφορίας τῶν κύκλων τῆς πρωτευούσης, αἱ ἀποφάσεις θά ληφθοῦν μετά τήν ἐπιστροφήν τῶν ἁρμοδίων ἐκ τοῦ ἐξωτερικοῦ, ἐν συνεχείᾳ δέ θά ἀνακοινωθοῦν ἐπισήμως πρός τόν Τύπον. Ἡ συζήτησις διεξήχθη ἐν πνεύματι ἀμοιβαίας κατανοήσεως καί συνεργασίας, ἐτονίσθη δέ ἡ ἀνάγκη ἐξευρέσεως λύσεως ἱκανοποιούσης ἁπάσας τάς πλευράς. Οἱ ἀντιπρόσωποι ἀνεχώρησαν μετά τό πέρας τῆς συνεδριάσεως.

ΑΘΗΝΑΙ, 14.— Ὁ ὑπουργός ἐδήλωσεν χθές ὅτι ἡ κυβέρνησις θά ἐξετάσῃ τό ζήτημα μετά προσοχῆς καί ὅτι αἱ συνομιλίαι θά συνεχισθοῦν κατά τάς προσεχεῖς ἡμέρας. Κατά τάς πληροφορίας τῶν κύκλων τῆς πρωτευούσης, αἱ ἀποφάσεις θά ληφθοῦν μετά τήν ἐπιστροφήν τῶν ἁρμοδίων ἐκ τοῦ ἐξωτερικοῦ, ἐν συνεχείᾳ δέ θά ἀνακοινωθοῦν ἐπισήμως πρός τόν Τύπον. Ἡ συζήτησις διεξήχθη ἐν πνεύματι ἀμοιβαίας κατανοήσεως καί συνεργασίας, ἐτονίσθη δέ ἡ ἀνάγκη ἐξευρέσεως λύσεως ἱκανοποιούσης ἁπάσας τάς πλευράς. Οἱ ἀντιπρόσωποι ἀνεχώρησαν μετά τό πέρας τῆς συνεδριάσεως.

Ο κ. ΣΠ. ΜΑΡΚΕΖΙΝΗΣ ΕΠΙΜΕΝΕΙ ΟΠΩΣ Η ΣΥΖΗΤΗΣΙΣ ΕΠΙ ΤΗΝ ΕΛΛΗΝΟΓΙΟΥΓΚΟΣΛΑΒΙΚΗΝ ΣΥΜΦΩΝΙΑΝ ΓΙΝΗ ΟΠΩΣΔΗΠΟΤΕ ΠΑΡΟΥΣΙΑ ΤΟΥ κ. ΣΟΦ. ΒΕΝΙΖΕΛΟΥ

ΑΘΗΝΑΙ, 14.— Ὁ ὑπουργός ἐδήλωσεν χθές ὅτι ἡ κυβέρνησις θά ἐξετάσῃ τό ζήτημα μετά προσοχῆς καί ὅτι αἱ συνομιλίαι θά συνεχισθοῦν κατά τάς προσεχεῖς ἡμέρας. Κατά τάς πληροφορίας τῶν κύκλων τῆς πρωτευούσης, αἱ ἀποφάσεις θά ληφθοῦν μετά τήν ἐπιστροφήν τῶν ἁρμοδίων ἐκ τοῦ ἐξωτερικοῦ, ἐν συνεχείᾳ δέ θά ἀνακοινωθοῦν ἐπισήμως πρός τόν Τύπον. Ἡ συζήτησις διεξήχθη ἐν πνεύματι ἀμοιβαίας κατανοήσεως καί συνεργασίας, ἐτονίσθη δέ ἡ ἀνάγκη ἐξευρέσεως λύσεως ἱκανοποιούσης ἁπάσας τάς πλευράς. Οἱ ἀντιπρόσωποι ἀνεχώρησαν μετά τό πέρας τῆς συνεδριάσεως.

ΑΘΗΝΑΙ, 14.— Ὁ ὑπουργός ἐδήλωσεν χθές ὅτι ἡ κυβέρνησις θά ἐξετάσῃ τό ζήτημα μετά προσοχῆς καί ὅτι αἱ συνομιλίαι θά συνεχισθοῦν κατά τάς προσεχεῖς ἡμέρας. Κατά τάς πληροφορίας τῶν κύκλων τῆς πρωτευούσης, αἱ ἀποφάσεις θά ληφθοῦν μετά τήν ἐπιστροφήν τῶν ἁρμοδίων ἐκ τοῦ ἐξωτερικοῦ, ἐν συνεχείᾳ δέ θά ἀνακοινωθοῦν ἐπισήμως πρός τόν Τύπον. Ἡ συζήτησις διεξήχθη ἐν πνεύματι ἀμοιβαίας κατανοήσεως καί συνεργασίας, ἐτονίσθη δέ ἡ ἀνάγκη ἐξευρέσεως λύσεως ἱκανοποιούσης ἁπάσας τάς πλευράς. Οἱ ἀντιπρόσωποι ἀνεχώρησαν μετά τό πέρας τῆς συνεδριάσεως.

ΑΜΕΡΙΚΑΝΟΙ ΑΝΗΣΥΧΟΥΝ

ΑΘΗΝΑΙ, 14.— Ὁ ὑπουργός ἐδήλωσεν χθές ὅτι ἡ κυβέρνησις θά ἐξετάσῃ τό ζήτημα μετά προσοχῆς καί ὅτι αἱ συνομιλίαι θά συνεχισθοῦν κατά τάς προσεχεῖς ἡμέρας. Κατά τάς πληροφορίας τῶν κύκλων τῆς πρωτευούσης, αἱ ἀποφάσεις θά ληφθοῦν μετά τήν ἐπιστροφήν τῶν ἁρμοδίων ἐκ τοῦ ἐξωτερικοῦ, ἐν συνεχείᾳ δέ θά ἀνακοινωθοῦν ἐπισήμως πρός τόν Τύπον. Ἡ συζήτησις διεξήχθη ἐν πνεύματι ἀμοιβαίας κατανοήσεως καί συνεργασίας, ἐτονίσθη δέ ἡ ἀνάγκη ἐξευρέσεως λύσεως ἱκανοποιούσης ἁπάσας τάς πλευράς. Οἱ ἀντιπρόσωποι ἀνεχώρησαν μετά τό πέρας τῆς συνεδριάσεως.

ΑΘΗΝΑΙ, 14.— Ὁ ὑπουργός ἐδήλωσεν χθές ὅτι ἡ κυβέρνησις θά ἐξετάσῃ τό ζήτημα μετά προσοχῆς καί ὅτι αἱ συνομιλίαι θά συνεχισθοῦν κατά τάς προσεχεῖς ἡμέρας. Κατά τάς πληροφορίας τῶν κύκλων τῆς πρωτευούσης, αἱ ἀποφάσεις θά ληφθοῦν μετά τήν ἐπιστροφήν τῶν ἁρμοδίων ἐκ τοῦ ἐξωτερικοῦ, ἐν συνεχείᾳ δέ θά ἀνακοινωθοῦν ἐπισήμως πρός τόν Τύπον. Ἡ συζήτησις διεξήχθη ἐν πνεύματι ἀμοιβαίας κατανοήσεως καί συνεργασίας, ἐτονίσθη δέ ἡ ἀνάγκη ἐξευρέσεως λύσεως ἱκανοποιούσης ἁπάσας τάς πλευράς. Οἱ ἀντιπρόσωποι ἀνεχώρησαν μετά τό πέρας τῆς συνεδριάσεως.

ΔΥΟ ΞΩΝΑΙ ΡΑΔΙΕΝΕΡΓΕΙΑΣ

ΑΘΗΝΑΙ, 14.— Ὁ ὑπουργός ἐδήλωσεν χθές ὅτι ἡ κυβέρνησις θά ἐξετάσῃ τό ζήτημα μετά προσοχῆς καί ὅτι αἱ συνομιλίαι θά συνεχισθοῦν κατά τάς προσεχεῖς ἡμέρας. Κατά τάς πληροφορίας τῶν κύκλων τῆς πρωτευούσης, αἱ ἀποφάσεις θά ληφθοῦν μετά τήν ἐπιστροφήν τῶν ἁρμοδίων ἐκ τοῦ ἐξωτερικοῦ, ἐν συνεχείᾳ δέ θά ἀνακοινωθοῦν ἐπισήμως πρός τόν Τύπον. Ἡ συζήτησις διεξήχθη ἐν πνεύματι ἀμοιβαίας κατανοήσεως καί συνεργασίας, ἐτονίσθη δέ ἡ ἀνάγκη ἐξευρέσεως λύσεως ἱκανοποιούσης ἁπάσας τάς πλευράς. Οἱ ἀντιπρόσωποι ἀνεχώρησαν μετά τό πέρας τῆς συνεδριάσεως.

ΕΤΕΡΜΑΤΙΣΘΗΣΑΝ ΧΘΕΣ ΑΙ ΣΥΝΟΜΙΛΙΑΙ ΕΠΙ ΤΗΣ ΣΥΝΔΕΣΕΩΣ ΤΗΣ ΕΛΛΑΔΟΣ ΜΕ ΤΗΝ ΚΟΙΝΗΝ ΕΥΡΩΠΑΪΚΗΝ ΑΓΟΡΑΝ

ΑΘΗΝΑΙ, 14.— Ὁ ὑπουργός ἐδήλωσεν χθές ὅτι ἡ κυβέρνησις θά ἐξετάσῃ τό ζήτημα μετά προσοχῆς καί ὅτι αἱ συνομιλίαι θά συνεχισθοῦν κατά τάς προσεχεῖς ἡμέρας. Κατά τάς πληροφορίας τῶν κύκλων τῆς πρωτευούσης, αἱ ἀποφάσεις θά ληφθοῦν μετά τήν ἐπιστροφήν τῶν ἁρμοδίων ἐκ τοῦ ἐξωτερικοῦ, ἐν συνεχείᾳ δέ θά ἀνακοινωθοῦν ἐπισήμως πρός τόν Τύπον. Ἡ συζήτησις διεξήχθη ἐν πνεύματι ἀμοιβαίας κατανοήσεως καί συνεργασίας, ἐτονίσθη δέ ἡ ἀνάγκη ἐξευρέσεως λύσεως ἱκανοποιούσης ἁπάσας τάς πλευράς. Οἱ ἀντιπρόσωποι ἀνεχώρησαν μετά τό πέρας τῆς συνεδριάσεως.

ΑΘΗΝΑΙ, 14.— Ὁ ὑπουργός ἐδήλωσεν χθές ὅτι ἡ κυβέρνησις θά ἐξετάσῃ τό ζήτημα μετά προσοχῆς καί ὅτι αἱ συνομιλίαι θά συνεχισθοῦν κατά τάς προσεχεῖς ἡμέρας. Κατά τάς πληροφορίας τῶν κύκλων τῆς πρωτευούσης, αἱ ἀποφάσεις θά ληφθοῦν μετά τήν ἐπιστροφήν τῶν ἁρμοδίων ἐκ τοῦ ἐξωτερικοῦ, ἐν συνεχείᾳ δέ θά ἀνακοινωθοῦν ἐπισήμως πρός τόν Τύπον. Ἡ συζήτησις διεξήχθη ἐν πνεύματι ἀμοιβαίας κατανοήσεως καί συνεργασίας, ἐτονίσθη δέ ἡ ἀνάγκη ἐξευρέσεως λύσεως ἱκανοποιούσης ἁπάσας τάς πλευράς. Οἱ ἀντιπρόσωποι ἀνεχώρησαν μετά τό πέρας τῆς συνεδριάσεως.

ΚΡΙΣΙΣ ΚΑΙ ΑΝΕΡΓΙΑ ΜΑΣΤΙΖΕΙ ΤΗΝ ΒΟΡΕΙΟΝ ΕΛΛΑΔΑ ΕΤΟΝΙΣΘΗ ΕΙΣ ΤΟ ΣΥΝΕΔΡΙΟΝ ΤΩΝ ΕΠΑΓΓΕΛΜΑΤΙΩΝ
ΣΥΝΕΧΕΙΑ

ΑΘΗΝΑΙ, 14.— Ὁ ὑπουργός ἐδήλωσεν χθές ὅτι ἡ κυβέρνησις θά ἐξετάσῃ τό ζήτημα μετά προσοχῆς καί ὅτι αἱ συνομιλίαι θά συνεχισθοῦν κατά τάς προσεχεῖς ἡμέρας. Κατά τάς πληροφορίας τῶν κύκλων τῆς πρωτευούσης, αἱ ἀποφάσεις θά ληφθοῦν μετά τήν ἐπιστροφήν τῶν ἁρμοδίων ἐκ τοῦ ἐξωτερικοῦ, ἐν συνεχείᾳ δέ θά ἀνακοινωθοῦν ἐπισήμως πρός τόν Τύπον. Ἡ συζήτησις διεξήχθη ἐν πνεύματι ἀμοιβαίας κατανοήσεως καί συνεργασίας, ἐτονίσθη δέ ἡ ἀνάγκη ἐξευρέσεως λύσεως ἱκανοποιούσης ἁπάσας τάς πλευράς. Οἱ ἀντιπρόσωποι ἀνεχώρησαν μετά τό πέρας τῆς συνεδριάσεως.

Η ΑΓΟΡΑ ΕΙ ΣΤΑΣ ΕΞΑΓΩΓΑΣ

ΑΘΗΝΑΙ, 14.— Ὁ ὑπουργός ἐδήλωσεν χθές ὅτι ἡ κυβέρνησις θά ἐξετάσῃ τό ζήτημα μετά προσοχῆς καί ὅτι αἱ συνομιλίαι θά συνεχισθοῦν κατά τάς προσεχεῖς ἡμέρας. Κατά τάς πληροφορίας τῶν κύκλων τῆς πρωτευούσης, αἱ ἀποφάσεις θά ληφθοῦν μετά τήν ἐπιστροφήν τῶν ἁρμοδίων ἐκ τοῦ ἐξωτερικοῦ, ἐν συνεχείᾳ δέ θά ἀνακοινωθοῦν ἐπισήμως πρός τόν Τύπον. Ἡ συζήτησις διεξήχθη ἐν πνεύματι ἀμοιβαίας κατανοήσεως καί συνεργασίας, ἐτονίσθη δέ ἡ ἀνάγκη ἐξευρέσεως λύσεως ἱκανοποιούσης ἁπάσας τάς πλευράς. Οἱ ἀντιπρόσωποι ἀνεχώρησαν μετά τό πέρας τῆς συνεδριάσεως.

ΑΘΗΝΑΙ, 14.— Ὁ ὑπουργός ἐδήλωσεν χθές ὅτι ἡ κυβέρνησις θά ἐξετάσῃ τό ζήτημα μετά προσοχῆς καί ὅτι αἱ συνομιλίαι θά συνεχισθοῦν κατά τάς προσεχεῖς ἡμέρας. Κατά τάς πληροφορίας τῶν κύκλων τῆς πρωτευούσης, αἱ ἀποφάσεις θά ληφθοῦν μετά τήν ἐπιστροφήν τῶν ἁρμοδίων ἐκ τοῦ ἐξωτερικοῦ, ἐν συνεχείᾳ δέ θά ἀνακοινωθοῦν ἐπισήμως πρός τόν Τύπον. Ἡ συζήτησις διεξήχθη ἐν πνεύματι ἀμοιβαίας κατανοήσεως καί συνεργασίας, ἐτονίσθη δέ ἡ ἀνάγκη ἐξευρέσεως λύσεως ἱκανοποιούσης ἁπάσας τάς πλευράς. Οἱ ἀντιπρόσωποι ἀνεχώρησαν μετά τό πέρας τῆς συνεδριάσεως.

ΑΘΗΝΑΙ, 14.— Ὁ ὑπουργός ἐδήλωσεν χθές ὅτι ἡ κυβέρνησις θά ἐξετάσῃ τό ζήτημα μετά προσοχῆς καί ὅτι αἱ συνομιλίαι θά συνεχισθοῦν κατά τάς προσεχεῖς ἡμέρας. Κατά τάς πληροφορίας τῶν κύκλων τῆς πρωτευούσης, αἱ ἀποφάσεις θά ληφθοῦν μετά τήν ἐπιστροφήν τῶν ἁρμοδίων ἐκ τοῦ ἐξωτερικοῦ, ἐν συνεχείᾳ δέ θά ἀνακοινωθοῦν ἐπισήμως πρός τόν Τύπον. Ἡ συζήτησις διεξήχθη ἐν πνεύματι ἀμοιβαίας κατανοήσεως καί συνεργασίας, ἐτονίσθη δέ ἡ ἀνάγκη ἐξευρέσεως λύσεως ἱκανοποιούσης ἁπάσας τάς πλευράς. Οἱ ἀντιπρόσωποι ἀνεχώρησαν μετά τό πέρας τῆς συνεδριάσεως.

Ο ΒΕΝΕΖΟΥΕΛΑΝΟΣ ΧΕΡΑΡΑ ΔΙΑΨΕΥΔΕΙ ΤΑΣ ΠΛΗΡΟΦΟΡΙΑΣ ΟΤΙ ΘΑ ΝΥΜΦΕΥΘΗ ΤΗΝ ΩΝΑΣΗ
Ἡ Μαρία Κάλλας ἀναχωρεῖ ἀεροπορικῶς.
Θά τραγουδήσῃ αὔριον εἰς τό Μπιλμπάο

ΑΘΗΝΑΙ, 14.— Ὁ ὑπουργός ἐδήλωσεν χθές ὅτι ἡ κυβέρνησις θά ἐξετάσῃ τό ζήτημα μετά προσοχῆς καί ὅτι αἱ συνομιλίαι θά συνεχισθοῦν κατά τάς προσεχεῖς ἡμέρας. Κατά τάς πληροφορίας τῶν κύκλων τῆς πρωτευούσης, αἱ ἀποφάσεις θά ληφθοῦν μετά τήν ἐπιστροφήν τῶν ἁρμοδίων ἐκ τοῦ ἐξωτερικοῦ, ἐν συνεχείᾳ δέ θά ἀνακοινωθοῦν ἐπισήμως πρός τόν Τύπον. Ἡ συζήτησις διεξήχθη ἐν πνεύματι ἀμοιβαίας κατανοήσεως καί συνεργασίας, ἐτονίσθη δέ ἡ ἀνάγκη ἐξευρέσεως λύσεως ἱκανοποιούσης ἁπάσας τάς πλευράς. Οἱ ἀντιπρόσωποι ἀνεχώρησαν μετά τό πέρας τῆς συνεδριάσεως.

ΑΝΑΧΩΡΕΙ Η ΚΑΛΛΑΣ

ΑΘΗΝΑΙ, 14.— Ὁ ὑπουργός ἐδήλωσεν χθές ὅτι ἡ κυβέρνησις θά ἐξετάσῃ τό ζήτημα μετά προσοχῆς καί ὅτι αἱ συνομιλίαι θά συνεχισθοῦν κατά τάς προσεχεῖς ἡμέρας. Κατά τάς πληροφορίας τῶν κύκλων τῆς πρωτευούσης, αἱ ἀποφάσεις θά ληφθοῦν μετά τήν ἐπιστροφήν τῶν ἁρμοδίων ἐκ τοῦ ἐξωτερικοῦ, ἐν συνεχείᾳ δέ θά ἀνακοινωθοῦν ἐπισήμως πρός τόν Τύπον. Ἡ συζήτησις διεξήχθη ἐν πνεύματι ἀμοιβαίας κατανοήσεως καί συνεργασίας, ἐτονίσθη δέ ἡ ἀνάγκη ἐξευρέσεως λύσεως ἱκανοποιούσης ἁπάσας τάς πλευράς. Οἱ ἀντιπρόσωποι ἀνεχώρησαν μετά τό πέρας τῆς συνεδριάσεως.

ΔΙΑΣΕΥΞΙΣ ΕΚ ΚΕΡΚΥΡΑΣ

ΑΘΗΝΑΙ, 14.— Ὁ ὑπουργός ἐδήλωσεν χθές ὅτι ἡ κυβέρνησις θά ἐξετάσῃ τό ζήτημα μετά προσοχῆς καί ὅτι αἱ συνομιλίαι θά συνεχισθοῦν κατά τάς προσεχεῖς ἡμέρας. Κατά τάς πληροφορίας τῶν κύκλων τῆς πρωτευούσης, αἱ ἀποφάσεις θά ληφθοῦν μετά τήν ἐπιστροφήν τῶν ἁρμοδίων ἐκ τοῦ ἐξωτερικοῦ, ἐν συνεχείᾳ δέ θά ἀνακοινωθοῦν ἐπισήμως πρός τόν Τύπον. Ἡ συζήτησις διεξήχθη ἐν πνεύματι ἀμοιβαίας κατανοήσεως καί συνεργασίας, ἐτονίσθη δέ ἡ ἀνάγκη ἐξευρέσεως λύσεως ἱκανοποιούσης ἁπάσας τάς πλευράς. Οἱ ἀντιπρόσωποι ἀνεχώρησαν μετά τό πέρας τῆς συνεδριάσεως.

ΑΘΗΝΑΙ, 14.— Ὁ ὑπουργός ἐδήλωσεν χθές ὅτι ἡ κυβέρνησις θά ἐξετάσῃ τό ζήτημα μετά προσοχῆς καί ὅτι αἱ συνομιλίαι θά συνεχισθοῦν κατά τάς προσεχεῖς ἡμέρας. Κατά τάς πληροφορίας τῶν κύκλων τῆς πρωτευούσης, αἱ ἀποφάσεις θά ληφθοῦν μετά τήν ἐπιστροφήν τῶν ἁρμοδίων ἐκ τοῦ ἐξωτερικοῦ, ἐν συνεχείᾳ δέ θά ἀνακοινωθοῦν ἐπισήμως πρός τόν Τύπον. Ἡ συζήτησις διεξήχθη ἐν πνεύματι ἀμοιβαίας κατανοήσεως καί συνεργασίας, ἐτονίσθη δέ ἡ ἀνάγκη ἐξευρέσεως λύσεως ἱκανοποιούσης ἁπάσας τάς πλευράς. Οἱ ἀντιπρόσωποι ἀνεχώρησαν μετά τό πέρας τῆς συνεδριάσεως.

ΑΘΗΝΑΙ, 14.— Ὁ ὑπουργός ἐδήλωσεν χθές ὅτι ἡ κυβέρνησις θά ἐξετάσῃ τό ζήτημα μετά προσοχῆς καί ὅτι αἱ συνομιλίαι θά συνεχισθοῦν κατά τάς προσεχεῖς ἡμέρας. Κατά τάς πληροφορίας τῶν κύκλων τῆς πρωτευούσης, αἱ ἀποφάσεις θά ληφθοῦν μετά τήν ἐπιστροφήν τῶν ἁρμοδίων ἐκ τοῦ ἐξωτερικοῦ, ἐν συνεχείᾳ δέ θά ἀνακοινωθοῦν ἐπισήμως πρός τόν Τύπον. Ἡ συζήτησις διεξήχθη ἐν πνεύματι ἀμοιβαίας κατανοήσεως καί συνεργασίας, ἐτονίσθη δέ ἡ ἀνάγκη ἐξευρέσεως λύσεως ἱκανοποιούσης ἁπάσας τάς πλευράς. Οἱ ἀντιπρόσωποι ἀνεχώρησαν μετά τό πέρας τῆς συνεδριάσεως.

Ο ΜΑΚΑΡΙΟΣ ΔΕΝ ΑΠΗΝΤΗΣΕΝ ΑΚΟΜΗ ΕΙΣ ΤΗΝ ΠΡΟΣΚΛΗΣΙΝ ΤΟΥ κ. ΓΡΙΒΑ ΟΠΩΣ ΣΥΝΑΝΤΗΘΟΥΝ ΕΙΣ ΑΘΗΝΑΣ ΠΙΘΑΝΟΝ ΔΕ ΚΑΙ ΝΑ ΤΗΝ ΑΠΟΡΡΙΨΗ
Ὁ στρατηγός πάντως θά ὁμιλήσῃ δημοσίᾳ ἐάν δέν πραγματοποιηθῇ ἡ συνάντησις

ΑΘΗΝΑΙ, 14.— Ὁ ὑπουργός ἐδήλωσεν χθές ὅτι ἡ κυβέρνησις θά ἐξετάσῃ τό ζήτημα μετά προσοχῆς καί ὅτι αἱ συνομιλίαι θά συνεχισθοῦν κατά τάς προσεχεῖς ἡμέρας. Κατά τάς πληροφορίας τῶν κύκλων τῆς πρωτευούσης, αἱ ἀποφάσεις θά ληφθοῦν μετά τήν ἐπιστροφήν τῶν ἁρμοδίων ἐκ τοῦ ἐξωτερικοῦ, ἐν συνεχείᾳ δέ θά ἀνακοινωθοῦν ἐπισήμως πρός τόν Τύπον. Ἡ συζήτησις διεξήχθη ἐν πνεύματι ἀμοιβαίας κατανοήσεως καί συνεργασίας, ἐτονίσθη δέ ἡ ἀνάγκη ἐξευρέσεως λύσεως ἱκανοποιούσης ἁπάσας τάς πλευράς. Οἱ ἀντιπρόσωποι ἀνεχώρησαν μετά τό πέρας τῆς συνεδριάσεως.

ΔΗΛΩΣΕΙΣ ΤΟΥ κ. ΓΡΙΒΑ

ΑΘΗΝΑΙ, 14.— Ὁ ὑπουργός ἐδήλωσεν χθές ὅτι ἡ κυβέρνησις θά ἐξετάσῃ τό ζήτημα μετά προσοχῆς καί ὅτι αἱ συνομιλίαι θά συνεχισθοῦν κατά τάς προσεχεῖς ἡμέρας. Κατά τάς πληροφορίας τῶν κύκλων τῆς πρωτευούσης, αἱ ἀποφάσεις θά ληφθοῦν μετά τήν ἐπιστροφήν τῶν ἁρμοδίων ἐκ τοῦ ἐξωτερικοῦ, ἐν συνεχείᾳ δέ θά ἀνακοινωθοῦν ἐπισήμως πρός τόν Τύπον. Ἡ συζήτησις διεξήχθη ἐν πνεύματι ἀμοιβαίας κατανοήσεως καί συνεργασίας, ἐτονίσθη δέ ἡ ἀνάγκη ἐξευρέσεως λύσεως ἱκανοποιούσης ἁπάσας τάς πλευράς. Οἱ ἀντιπρόσωποι ἀνεχώρησαν μετά τό πέρας τῆς συνεδριάσεως.

ΑΘΗΝΑΙ, 14.— Ὁ ὑπουργός ἐδήλωσεν χθές ὅτι ἡ κυβέρνησις θά ἐξετάσῃ τό ζήτημα μετά προσοχῆς καί ὅτι αἱ συνομιλίαι θά συνεχισθοῦν κατά τάς προσεχεῖς ἡμέρας. Κατά τάς πληροφορίας τῶν κύκλων τῆς πρωτευούσης, αἱ ἀποφάσεις θά ληφθοῦν μετά τήν ἐπιστροφήν τῶν ἁρμοδίων ἐκ τοῦ ἐξωτερικοῦ, ἐν συνεχείᾳ δέ θά ἀνακοινωθοῦν ἐπισήμως πρός τόν Τύπον. Ἡ συζήτησις διεξήχθη ἐν πνεύματι ἀμοιβαίας κατανοήσεως καί συνεργασίας, ἐτονίσθη δέ ἡ ἀνάγκη ἐξευρέσεως λύσεως ἱκανοποιούσης ἁπάσας τάς πλευράς. Οἱ ἀντιπρόσωποι ἀνεχώρησαν μετά τό πέρας τῆς συνεδριάσεως.

ΔΕΝ ΑΠΗΝΤΗΣΕΝ Ο ΜΑΚΑΡΙΟΣ

ΑΘΗΝΑΙ, 14.— Ὁ ὑπουργός ἐδήλωσεν χθές ὅτι ἡ κυβέρνησις θά ἐξετάσῃ τό ζήτημα μετά προσοχῆς καί ὅτι αἱ συνομιλίαι θά συνεχισθοῦν κατά τάς προσεχεῖς ἡμέρας. Κατά τάς πληροφορίας τῶν κύκλων τῆς πρωτευούσης, αἱ ἀποφάσεις θά ληφθοῦν μετά τήν ἐπιστροφήν τῶν ἁρμοδίων ἐκ τοῦ ἐξωτερικοῦ, ἐν συνεχείᾳ δέ θά ἀνακοινωθοῦν ἐπισήμως πρός τόν Τύπον. Ἡ συζήτησις διεξήχθη ἐν πνεύματι ἀμοιβαίας κατανοήσεως καί συνεργασίας, ἐτονίσθη δέ ἡ ἀνάγκη ἐξευρέσεως λύσεως ἱκανοποιούσης ἁπάσας τάς πλευράς. Οἱ ἀντιπρόσωποι ἀνεχώρησαν μετά τό πέρας τῆς συνεδριάσεως.

ΘΑ ΤΗΝ ΑΠΟΡΡΙΨΗ;

ΑΘΗΝΑΙ, 14.— Ὁ ὑπουργός ἐδήλωσεν χθές ὅτι ἡ κυβέρνησις θά ἐξετάσῃ τό ζήτημα μετά προσοχῆς καί ὅτι αἱ συνομιλίαι θά συνεχισθοῦν κατά τάς προσεχεῖς ἡμέρας. Κατά τάς πληροφορίας τῶν κύκλων τῆς πρωτευούσης, αἱ ἀποφάσεις θά ληφθοῦν μετά τήν ἐπιστροφήν τῶν ἁρμοδίων ἐκ τοῦ ἐξωτερικοῦ, ἐν συνεχείᾳ δέ θά ἀνακοινωθοῦν ἐπισήμως πρός τόν Τύπον. Ἡ συζήτησις διεξήχθη ἐν πνεύματι ἀμοιβαίας κατανοήσεως καί συνεργασίας, ἐτονίσθη δέ ἡ ἀνάγκη ἐξευρέσεως λύσεως ἱκανοποιούσης ἁπάσας τάς πλευράς. Οἱ ἀντιπρόσωποι ἀνεχώρησαν μετά τό πέρας τῆς συνεδριάσεως.

Η ΚΥΒΕΡΝΗΣΙΣ ΣΙΩΠΑ

ΑΘΗΝΑΙ, 14.— Ὁ ὑπουργός ἐδήλωσεν χθές ὅτι ἡ κυβέρνησις θά ἐξετάσῃ τό ζήτημα μετά προσοχῆς καί ὅτι αἱ συνομιλίαι θά συνεχισθοῦν κατά τάς προσεχεῖς ἡμέρας. Κατά τάς πληροφορίας τῶν κύκλων τῆς πρωτευούσης, αἱ ἀποφάσεις θά ληφθοῦν μετά τήν ἐπιστροφήν τῶν ἁρμοδίων ἐκ τοῦ ἐξωτερικοῦ, ἐν συνεχείᾳ δέ θά ἀνακοινωθοῦν ἐπισήμως πρός τόν Τύπον. Ἡ συζήτησις διεξήχθη ἐν πνεύματι ἀμοιβαίας κατανοήσεως καί συνεργασίας, ἐτονίσθη δέ ἡ ἀνάγκη ἐξευρέσεως λύσεως ἱκανοποιούσης ἁπάσας τάς πλευράς. Οἱ ἀντιπρόσωποι ἀνεχώρησαν μετά τό πέρας τῆς συνεδριάσεως.

ΣΥΝΟΜΙΛΙΑ ΑΒΕΡΩΦ-ΒΕΡΓΚΙΝ

ΑΘΗΝΑΙ, 14.— Ὁ ὑπουργός ἐδήλωσεν χθές ὅτι ἡ κυβέρνησις θά ἐξετάσῃ τό ζήτημα μετά προσοχῆς καί ὅτι αἱ συνομιλίαι θά συνεχισθοῦν κατά τάς προσεχεῖς ἡμέρας. Κατά τάς πληροφορίας τῶν κύκλων τῆς πρωτευούσης, αἱ ἀποφάσεις θά ληφθοῦν μετά τήν ἐπιστροφήν τῶν ἁρμοδίων ἐκ τοῦ ἐξωτερικοῦ, ἐν συνεχείᾳ δέ θά ἀνακοινωθοῦν ἐπισήμως πρός τόν Τύπον. Ἡ συζήτησις διεξήχθη ἐν πνεύματι ἀμοιβαίας κατανοήσεως καί συνεργασίας, ἐτονίσθη δέ ἡ ἀνάγκη ἐξευρέσεως λύσεως ἱκανοποιούσης ἁπάσας τάς πλευράς. Οἱ ἀντιπρόσωποι ἀνεχώρησαν μετά τό πέρας τῆς συνεδριάσεως.

ΠΟΛΛΟΙ ΚΥΠΡΙΟΙ ΤΗΝ ΕΥΝΟΟΥΝ

ΑΘΗΝΑΙ, 14.— Ὁ ὑπουργός ἐδήλωσεν χθές ὅτι ἡ κυβέρνησις θά ἐξετάσῃ τό ζήτημα μετά προσοχῆς καί ὅτι αἱ συνομιλίαι θά συνεχισθοῦν κατά τάς προσεχεῖς ἡμέρας. Κατά τάς πληροφορίας τῶν κύκλων τῆς πρωτευούσης, αἱ ἀποφάσεις θά ληφθοῦν μετά τήν ἐπιστροφήν τῶν ἁρμοδίων ἐκ τοῦ ἐξωτερικοῦ, ἐν συνεχείᾳ δέ θά ἀνακοινωθοῦν ἐπισήμως πρός τόν Τύπον. Ἡ συζήτησις διεξήχθη ἐν πνεύματι ἀμοιβαίας κατανοήσεως καί συνεργασίας, ἐτονίσθη δέ ἡ ἀνάγκη ἐξευρέσεως λύσεως ἱκανοποιούσης ἁπάσας τάς πλευράς. Οἱ ἀντιπρόσωποι ἀνεχώρησαν μετά τό πέρας τῆς συνεδριάσεως.

ΑΘΗΝΑΙ, 14.— Ὁ ὑπουργός ἐδήλωσεν χθές ὅτι ἡ κυβέρνησις θά ἐξετάσῃ τό ζήτημα μετά προσοχῆς καί ὅτι αἱ συνομιλίαι θά συνεχισθοῦν κατά τάς προσεχεῖς ἡμέρας. Κατά τάς πληροφορίας τῶν κύκλων τῆς πρωτευούσης, αἱ ἀποφάσεις θά ληφθοῦν μετά τήν ἐπιστροφήν τῶν ἁρμοδίων ἐκ τοῦ ἐξωτερικοῦ, ἐν συνεχείᾳ δέ θά ἀνακοινωθοῦν ἐπισήμως πρός τόν Τύπον. Ἡ συζήτησις διεξήχθη ἐν πνεύματι ἀμοιβαίας κατανοήσεως καί συνεργασίας, ἐτονίσθη δέ ἡ ἀνάγκη ἐξευρέσεως λύσεως ἱκανοποιούσης ἁπάσας τάς πλευράς. Οἱ ἀντιπρόσωποι ἀνεχώρησαν μετά τό πέρας τῆς συνεδριάσεως.

ΠΡΟΚΗΡΥΞΕΙΣ ΥΠΕΡ ΤΟΥ ΜΑΚΑΡΙΟΥ

ΑΘΗΝΑΙ, 14.— Ὁ ὑπουργός ἐδήλωσεν χθές ὅτι ἡ κυβέρνησις θά ἐξετάσῃ τό ζήτημα μετά προσοχῆς καί ὅτι αἱ συνομιλίαι θά συνεχισθοῦν κατά τάς προσεχεῖς ἡμέρας. Κατά τάς πληροφορίας τῶν κύκλων τῆς πρωτευούσης, αἱ ἀποφάσεις θά ληφθοῦν μετά τήν ἐπιστροφήν τῶν ἁρμοδίων ἐκ τοῦ ἐξωτερικοῦ, ἐν συνεχείᾳ δέ θά ἀνακοινωθοῦν ἐπισήμως πρός τόν Τύπον. Ἡ συζήτησις διεξήχθη ἐν πνεύματι ἀμοιβαίας κατανοήσεως καί συνεργασίας, ἐτονίσθη δέ ἡ ἀνάγκη ἐξευρέσεως λύσεως ἱκανοποιούσης ἁπάσας τάς πλευράς. Οἱ ἀντιπρόσωποι ἀνεχώρησαν μετά τό πέρας τῆς συνεδριάσεως.

ΘΑ ΔΕΧΘΗ

ΑΘΗΝΑΙ, 14.— Ὁ ὑπουργός ἐδήλωσεν χθές ὅτι ἡ κυβέρνησις θά ἐξετάσῃ τό ζήτημα μετά προσοχῆς καί ὅτι αἱ συνομιλίαι θά συνεχισθοῦν κατά τάς προσεχεῖς ἡμέρας. Κατά τάς πληροφορίας τῶν κύκλων τῆς πρωτευούσης, αἱ ἀποφάσεις θά ληφθοῦν μετά τήν ἐπιστροφήν τῶν ἁρμοδίων ἐκ τοῦ ἐξωτερικοῦ, ἐν συνεχείᾳ δέ θά ἀνακοινωθοῦν ἐπισήμως πρός τόν Τύπον. Ἡ συζήτησις διεξήχθη ἐν πνεύματι ἀμοιβαίας κατανοήσεως καί συνεργασίας, ἐτονίσθη δέ ἡ ἀνάγκη ἐξευρέσεως λύσεως ἱκανοποιούσης ἁπάσας τάς πλευράς. Οἱ ἀντιπρόσωποι ἀνεχώρησαν μετά τό πέρας τῆς συνεδριάσεως.

ΑΠΑΙΣΙΟΔΟΞΟΙ ΟΙ ΑΓΓΛΟΙ

ΑΘΗΝΑΙ, 14.— Ὁ ὑπουργός ἐδήλωσεν χθές ὅτι ἡ κυβέρνησις θά ἐξετάσῃ τό ζήτημα μετά προσοχῆς καί ὅτι αἱ συνομιλίαι θά συνεχισθοῦν κατά τάς προσεχεῖς ἡμέρας. Κατά τάς πληροφορίας τῶν κύκλων τῆς πρωτευούσης, αἱ ἀποφάσεις θά ληφθοῦν μετά τήν ἐπιστροφήν τῶν ἁρμοδίων ἐκ τοῦ ἐξωτερικοῦ, ἐν συνεχείᾳ δέ θά ἀνακοινωθοῦν ἐπισήμως πρός τόν Τύπον. Ἡ συζήτησις διεξήχθη ἐν πνεύματι ἀμοιβαίας κατανοήσεως καί συνεργασίας, ἐτονίσθη δέ ἡ ἀνάγκη ἐξευρέσεως λύσεως ἱκανοποιούσης ἁπάσας τάς πλευράς. Οἱ ἀντιπρόσωποι ἀνεχώρησαν μετά τό πέρας τῆς συνεδριάσεως.

ΤΑ ΑΕΡΟΠΛΑΝΑ ΘΑ ΙΠΤΑΝΤΑΙ ΜΕ ΤΑΧΥΤΗΤΑ 2.500 ΜΙΛΙΩΝ ΩΡΙΑΙΩΣ

ΑΘΗΝΑΙ, 14.— Ὁ ὑπουργός ἐδήλωσεν χθές ὅτι ἡ κυβέρνησις θά ἐξετάσῃ τό ζήτημα μετά προσοχῆς καί ὅτι αἱ συνομιλίαι θά συνεχισθοῦν κατά τάς προσεχεῖς ἡμέρας. Κατά τάς πληροφορίας τῶν κύκλων τῆς πρωτευούσης, αἱ ἀποφάσεις θά ληφθοῦν μετά τήν ἐπιστροφήν τῶν ἁρμοδίων ἐκ τοῦ ἐξωτερικοῦ, ἐν συνεχείᾳ δέ θά ἀνακοινωθοῦν ἐπισήμως πρός τόν Τύπον. Ἡ συζήτησις διεξήχθη ἐν πνεύματι ἀμοιβαίας κατανοήσεως καί συνεργασίας, ἐτονίσθη δέ ἡ ἀνάγκη ἐξευρέσεως λύσεως ἱκανοποιούσης ἁπάσας τάς πλευράς. Οἱ ἀντιπρόσωποι ἀνεχώρησαν μετά τό πέρας τῆς συνεδριάσεως.

ΕΚΛΕΠΤΕΝ Ο ΙΔΙΟΣ ΤΟ ΑΥΤΟΚΙΝΗΤΟ ΚΑΙ ΤΑ ΑΝΕΥΡΙΣΚΕΝ!

ΑΘΗΝΑΙ, 14.— Ὁ ὑπουργός ἐδήλωσεν χθές ὅτι ἡ κυβέρνησις θά ἐξετάσῃ τό ζήτημα μετά προσοχῆς καί ὅτι αἱ συνομιλίαι θά συνεχισθοῦν κατά τάς προσεχεῖς ἡμέρας. Κατά τάς πληροφορίας τῶν κύκλων τῆς πρωτευούσης, αἱ ἀποφάσεις θά ληφθοῦν μετά τήν ἐπιστροφήν τῶν ἁρμοδίων ἐκ τοῦ ἐξωτερικοῦ, ἐν συνεχείᾳ δέ θά ἀνακοινωθοῦν ἐπισήμως πρός τόν Τύπον. Ἡ συζήτησις διεξήχθη ἐν πνεύματι ἀμοιβαίας κατανοήσεως καί συνεργασίας, ἐτονίσθη δέ ἡ ἀνάγκη ἐξευρέσεως λύσεως ἱκανοποιούσης ἁπάσας τάς πλευράς. Οἱ ἀντιπρόσωποι ἀνεχώρησαν μετά τό πέρας τῆς συνεδριάσεως.

Ο ΑΓΓΛΟΣ ΥΠΟΥΡΓΟΣ ΤΩΝ ΕΞΩΤΕΡΙΚΩΝ ΕΙΣ ΤΗΝ Ν. ΥΟΡΚΗΝ

ΑΘΗΝΑΙ, 14.— Ὁ ὑπουργός ἐδήλωσεν χθές ὅτι ἡ κυβέρνησις θά ἐξετάσῃ τό ζήτημα μετά προσοχῆς καί ὅτι αἱ συνομιλίαι θά συνεχισθοῦν κατά τάς προσεχεῖς ἡμέρας. Κατά τάς πληροφορίας τῶν κύκλων τῆς πρωτευούσης, αἱ ἀποφάσεις θά ληφθοῦν μετά τήν ἐπιστροφήν τῶν ἁρμοδίων ἐκ τοῦ ἐξωτερικοῦ, ἐν συνεχείᾳ δέ θά ἀνακοινωθοῦν ἐπισήμως πρός τόν Τύπον. Ἡ συζήτησις διεξήχθη ἐν πνεύματι ἀμοιβαίας κατανοήσεως καί συνεργασίας, ἐτονίσθη δέ ἡ ἀνάγκη ἐξευρέσεως λύσεως ἱκανοποιούσης ἁπάσας τάς πλευράς. Οἱ ἀντιπρόσωποι ἀνεχώρησαν μετά τό πέρας τῆς συνεδριάσεως.

ΤΑ ΑΠΟΤΕΛΕΣΜΑΤΑ ΤΟΥ ΧΟΡΩΔΙΑΚΟΥ ΔΙΑΓΩΝΙΣΜΟΥ

ΑΘΗΝΑΙ, 14.— Ὁ ὑπουργός ἐδήλωσεν χθές ὅτι ἡ κυβέρνησις θά ἐξετάσῃ τό ζήτημα μετά προσοχῆς καί ὅτι αἱ συνομιλίαι θά συνεχισθοῦν κατά τάς προσεχεῖς ἡμέρας. Κατά τάς πληροφορίας τῶν κύκλων τῆς πρωτευούσης, αἱ ἀποφάσεις θά ληφθοῦν μετά τήν ἐπιστροφήν τῶν ἁρμοδίων ἐκ τοῦ ἐξωτερικοῦ, ἐν συνεχείᾳ δέ θά ἀνακοινωθοῦν ἐπισήμως πρός τόν Τύπον. Ἡ συζήτησις διεξήχθη ἐν πνεύματι ἀμοιβαίας κατανοήσεως καί συνεργασίας, ἐτονίσθη δέ ἡ ἀνάγκη ἐξευρέσεως λύσεως ἱκανοποιούσης ἁπάσας τάς πλευράς. Οἱ ἀντιπρόσωποι ἀνεχώρησαν μετά τό πέρας τῆς συνεδριάσεως.

ΤΟ ΔΙΕΘΝΕΣ ΣΥΝΕΔΡΙΟΝ ΠΝΕΥΜΑΤΙΚΗΣ ΙΔΙΟΚΤΗΣΙΑΣ

ΑΘΗΝΑΙ, 14.— Ὁ ὑπουργός ἐδήλωσεν χθές ὅτι ἡ κυβέρνησις θά ἐξετάσῃ τό ζήτημα μετά προσοχῆς καί ὅτι αἱ συνομιλίαι θά συνεχισθοῦν κατά τάς προσεχεῖς ἡμέρας. Κατά τάς πληροφορίας τῶν κύκλων τῆς πρωτευούσης, αἱ ἀποφάσεις θά ληφθοῦν μετά τήν ἐπιστροφήν τῶν ἁρμοδίων ἐκ τοῦ ἐξωτερικοῦ, ἐν συνεχείᾳ δέ θά ἀνακοινωθοῦν ἐπισήμως πρός τόν Τύπον. Ἡ συζήτησις διεξήχθη ἐν πνεύματι ἀμοιβαίας κατανοήσεως καί συνεργασίας, ἐτονίσθη δέ ἡ ἀνάγκη ἐξευρέσεως λύσεως ἱκανοποιούσης ἁπάσας τάς πλευράς. Οἱ ἀντιπρόσωποι ἀνεχώρησαν μετά τό πέρας τῆς συνεδριάσεως.

Ο ΠΡΕΣΒΗΣ ΕΙΣ ΠΡΑΓΑΝ

ΑΘΗΝΑΙ, 14.— Ὁ ὑπουργός ἐδήλωσεν χθές ὅτι ἡ κυβέρνησις θά ἐξετάσῃ τό ζήτημα μετά προσοχῆς καί ὅτι αἱ συνομιλίαι θά συνεχισθοῦν κατά τάς προσεχεῖς ἡμέρας. Κατά τάς πληροφορίας τῶν κύκλων τῆς πρωτευούσης, αἱ ἀποφάσεις θά ληφθοῦν μετά τήν ἐπιστροφήν τῶν ἁρμοδίων ἐκ τοῦ ἐξωτερικοῦ, ἐν συνεχείᾳ δέ θά ἀνακοινωθοῦν ἐπισήμως πρός τόν Τύπον. Ἡ συζήτησις διεξήχθη ἐν πνεύματι ἀμοιβαίας κατανοήσεως καί συνεργασίας, ἐτονίσθη δέ ἡ ἀνάγκη ἐξευρέσεως λύσεως ἱκανοποιούσης ἁπάσας τάς πλευράς. Οἱ ἀντιπρόσωποι ἀνεχώρησαν μετά τό πέρας τῆς συνεδριάσεως.

Τήν ἐσπέραν χθές
ΔΙΕΘΝΗ ΔΙΑΣΚΕΨΙΝ ΕΖΗΤΗΣΕΝ Η ΡΩΣΣΙΑ ΠΡΟΣ ΔΙΕΥΘΕΤΗΣΙΝ ΤΟΥ ΠΡΟΒΛΗΜΑΤΟΣ ΤΟΥ ΛΑΟΣ
Χαρακτηρίζει ὡς παράνομον τήν ἐπιτροπήν ἐρεύνης τοῦ Ο.Η.Ε.

ΑΘΗΝΑΙ, 14.— Ὁ ὑπουργός ἐδήλωσεν χθές ὅτι ἡ κυβέρνησις θά ἐξετάσῃ τό ζήτημα μετά προσοχῆς καί ὅτι αἱ συνομιλίαι θά συνεχισθοῦν κατά τάς προσεχεῖς ἡμέρας. Κατά τάς πληροφορίας τῶν κύκλων τῆς πρωτευούσης, αἱ ἀποφάσεις θά ληφθοῦν μετά τήν ἐπιστροφήν τῶν ἁρμοδίων ἐκ τοῦ ἐξωτερικοῦ, ἐν συνεχείᾳ δέ θά ἀνακοινωθοῦν ἐπισήμως πρός τόν Τύπον. Ἡ συζήτησις διεξήχθη ἐν πνεύματι ἀμοιβαίας κατανοήσεως καί συνεργασίας, ἐτονίσθη δέ ἡ ἀνάγκη ἐξευρέσεως λύσεως ἱκανοποιούσης ἁπάσας τάς πλευράς. Οἱ ἀντιπρόσωποι ἀνεχώρησαν μετά τό πέρας τῆς συνεδριάσεως.

ΨΥΧΡΑ Η ΥΠΟΔΟΧΗ

ΑΘΗΝΑΙ, 14.— Ὁ ὑπουργός ἐδήλωσεν χθές ὅτι ἡ κυβέρνησις θά ἐξετάσῃ τό ζήτημα μετά προσοχῆς καί ὅτι αἱ συνομιλίαι θά συνεχισθοῦν κατά τάς προσεχεῖς ἡμέρας. Κατά τάς πληροφορίας τῶν κύκλων τῆς πρωτευούσης, αἱ ἀποφάσεις θά ληφθοῦν μετά τήν ἐπιστροφήν τῶν ἁρμοδίων ἐκ τοῦ ἐξωτερικοῦ, ἐν συνεχείᾳ δέ θά ἀνακοινωθοῦν ἐπισήμως πρός τόν Τύπον. Ἡ συζήτησις διεξήχθη ἐν πνεύματι ἀμοιβαίας κατανοήσεως καί συνεργασίας, ἐτονίσθη δέ ἡ ἀνάγκη ἐξευρέσεως λύσεως ἱκανοποιούσης ἁπάσας τάς πλευράς. Οἱ ἀντιπρόσωποι ἀνεχώρησαν μετά τό πέρας τῆς συνεδριάσεως.

ΠΟΥ ΘΑ ΓΙΝΗ Η ΕΡΕΥΝΑ
ΒΡΙΘΕΙ ΑΝΑΡΙΘΜΗΤΩΝ ΣΚΑΝΔΑΛΩΝ ΚΑΤΑΓΓΕΛΛΕΙ Ο κ. ΤΟΥΡΚΟΒΑΣΙΛΗΣ Ο ΒΙΟΣ ΤΗΣ ΚΥΒΕΡΝΗΣΕΩΣ ΚΑΡΑΜΑΝΛΗ

ΑΘΗΝΑΙ, 14.— Ὁ ὑπουργός ἐδήλωσεν χθές ὅτι ἡ κυβέρνησις θά ἐξετάσῃ τό ζήτημα μετά προσοχῆς καί ὅτι αἱ συνομιλίαι θά συνεχισθοῦν κατά τάς προσεχεῖς ἡμέρας. Κατά τάς πληροφορίας τῶν κύκλων τῆς πρωτευούσης, αἱ ἀποφάσεις θά ληφθοῦν μετά τήν ἐπιστροφήν τῶν ἁρμοδίων ἐκ τοῦ ἐξωτερικοῦ, ἐν συνεχείᾳ δέ θά ἀνακοινωθοῦν ἐπισήμως πρός τόν Τύπον. Ἡ συζήτησις διεξήχθη ἐν πνεύματι ἀμοιβαίας κατανοήσεως καί συνεργασίας, ἐτονίσθη δέ ἡ ἀνάγκη ἐξευρέσεως λύσεως ἱκανοποιούσης ἁπάσας τάς πλευράς. Οἱ ἀντιπρόσωποι ἀνεχώρησαν μετά τό πέρας τῆς συνεδριάσεως.

ΑΘΗΝΑΙ, 14.— Ὁ ὑπουργός ἐδήλωσεν χθές ὅτι ἡ κυβέρνησις θά ἐξετάσῃ τό ζήτημα μετά προσοχῆς καί ὅτι αἱ συνομιλίαι θά συνεχισθοῦν κατά τάς προσεχεῖς ἡμέρας. Κατά τάς πληροφορίας τῶν κύκλων τῆς πρωτευούσης, αἱ ἀποφάσεις θά ληφθοῦν μετά τήν ἐπιστροφήν τῶν ἁρμοδίων ἐκ τοῦ ἐξωτερικοῦ, ἐν συνεχείᾳ δέ θά ἀνακοινωθοῦν ἐπισήμως πρός τόν Τύπον. Ἡ συζήτησις διεξήχθη ἐν πνεύματι ἀμοιβαίας κατανοήσεως καί συνεργασίας, ἐτονίσθη δέ ἡ ἀνάγκη ἐξευρέσεως λύσεως ἱκανοποιούσης ἁπάσας τάς πλευράς. Οἱ ἀντιπρόσωποι ἀνεχώρησαν μετά τό πέρας τῆς συνεδριάσεως.

ΑΘΗΝΑΙ, 14.— Ὁ ὑπουργός ἐδήλωσεν χθές ὅτι ἡ κυβέρνησις θά ἐξετάσῃ τό ζήτημα μετά προσοχῆς καί ὅτι αἱ συνομιλίαι θά συνεχισθοῦν κατά τάς προσεχεῖς ἡμέρας. Κατά τάς πληροφορίας τῶν κύκλων τῆς πρωτευούσης, αἱ ἀποφάσεις θά ληφθοῦν μετά τήν ἐπιστροφήν τῶν ἁρμοδίων ἐκ τοῦ ἐξωτερικοῦ, ἐν συνεχείᾳ δέ θά ἀνακοινωθοῦν ἐπισήμως πρός τόν Τύπον. Ἡ συζήτησις διεξήχθη ἐν πνεύματι ἀμοιβαίας κατανοήσεως καί συνεργασίας, ἐτονίσθη δέ ἡ ἀνάγκη ἐξευρέσεως λύσεως ἱκανοποιούσης ἁπάσας τάς πλευράς. Οἱ ἀντιπρόσωποι ἀνεχώρησαν μετά τό πέρας τῆς συνεδριάσεως.

ΑΘΗΝΑΙ, 14.— Ὁ ὑπουργός ἐδήλωσεν χθές ὅτι ἡ κυβέρνησις θά ἐξετάσῃ τό ζήτημα μετά προσοχῆς καί ὅτι αἱ συνομιλίαι θά συνεχισθοῦν κατά τάς προσεχεῖς ἡμέρας. Κατά τάς πληροφορίας τῶν κύκλων τῆς πρωτευούσης, αἱ ἀποφάσεις θά ληφθοῦν μετά τήν ἐπιστροφήν τῶν ἁρμοδίων ἐκ τοῦ ἐξωτερικοῦ, ἐν συνεχείᾳ δέ θά ἀνακοινωθοῦν ἐπισήμως πρός τόν Τύπον. Ἡ συζήτησις διεξήχθη ἐν πνεύματι ἀμοιβαίας κατανοήσεως καί συνεργασίας, ἐτονίσθη δέ ἡ ἀνάγκη ἐξευρέσεως λύσεως ἱκανοποιούσης ἁπάσας τάς πλευράς. Οἱ ἀντιπρόσωποι ἀνεχώρησαν μετά τό πέρας τῆς συνεδριάσεως.

ΑΘΗΝΑΙ, 14.— Ὁ ὑπουργός ἐδήλωσεν χθές ὅτι ἡ κυβέρνησις θά ἐξετάσῃ τό ζήτημα μετά προσοχῆς καί ὅτι αἱ συνομιλίαι θά συνεχισθοῦν κατά τάς προσεχεῖς ἡμέρας. Κατά τάς πληροφορίας τῶν κύκλων τῆς πρωτευούσης, αἱ ἀποφάσεις θά ληφθοῦν μετά τήν ἐπιστροφήν τῶν ἁρμοδίων ἐκ τοῦ ἐξωτερικοῦ, ἐν συνεχείᾳ δέ θά ἀνακοινωθοῦν ἐπισήμως πρός τόν Τύπον. Ἡ συζήτησις διεξήχθη ἐν πνεύματι ἀμοιβαίας κατανοήσεως καί συνεργασίας, ἐτονίσθη δέ ἡ ἀνάγκη ἐξευρέσεως λύσεως ἱκανοποιούσης ἁπάσας τάς πλευράς. Οἱ ἀντιπρόσωποι ἀνεχώρησαν μετά τό πέρας τῆς συνεδριάσεως.

ΑΘΗΝΑΙ, 14.— Ὁ ὑπουργός ἐδήλωσεν χθές ὅτι ἡ κυβέρνησις θά ἐξετάσῃ τό ζήτημα μετά προσοχῆς καί ὅτι αἱ συνομιλίαι θά συνεχισθοῦν κατά τάς προσεχεῖς ἡμέρας. Κατά τάς πληροφορίας τῶν κύκλων τῆς πρωτευούσης, αἱ ἀποφάσεις θά ληφθοῦν μετά τήν ἐπιστροφήν τῶν ἁρμοδίων ἐκ τοῦ ἐξωτερικοῦ, ἐν συνεχείᾳ δέ θά ἀνακοινωθοῦν ἐπισήμως πρός τόν Τύπον. Ἡ συζήτησις διεξήχθη ἐν πνεύματι ἀμοιβαίας κατανοήσεως καί συνεργασίας, ἐτονίσθη δέ ἡ ἀνάγκη ἐξευρέσεως λύσεως ἱκανοποιούσης ἁπάσας τάς πλευράς. Οἱ ἀντιπρόσωποι ἀνεχώρησαν μετά τό πέρας τῆς συνεδριάσεως.
